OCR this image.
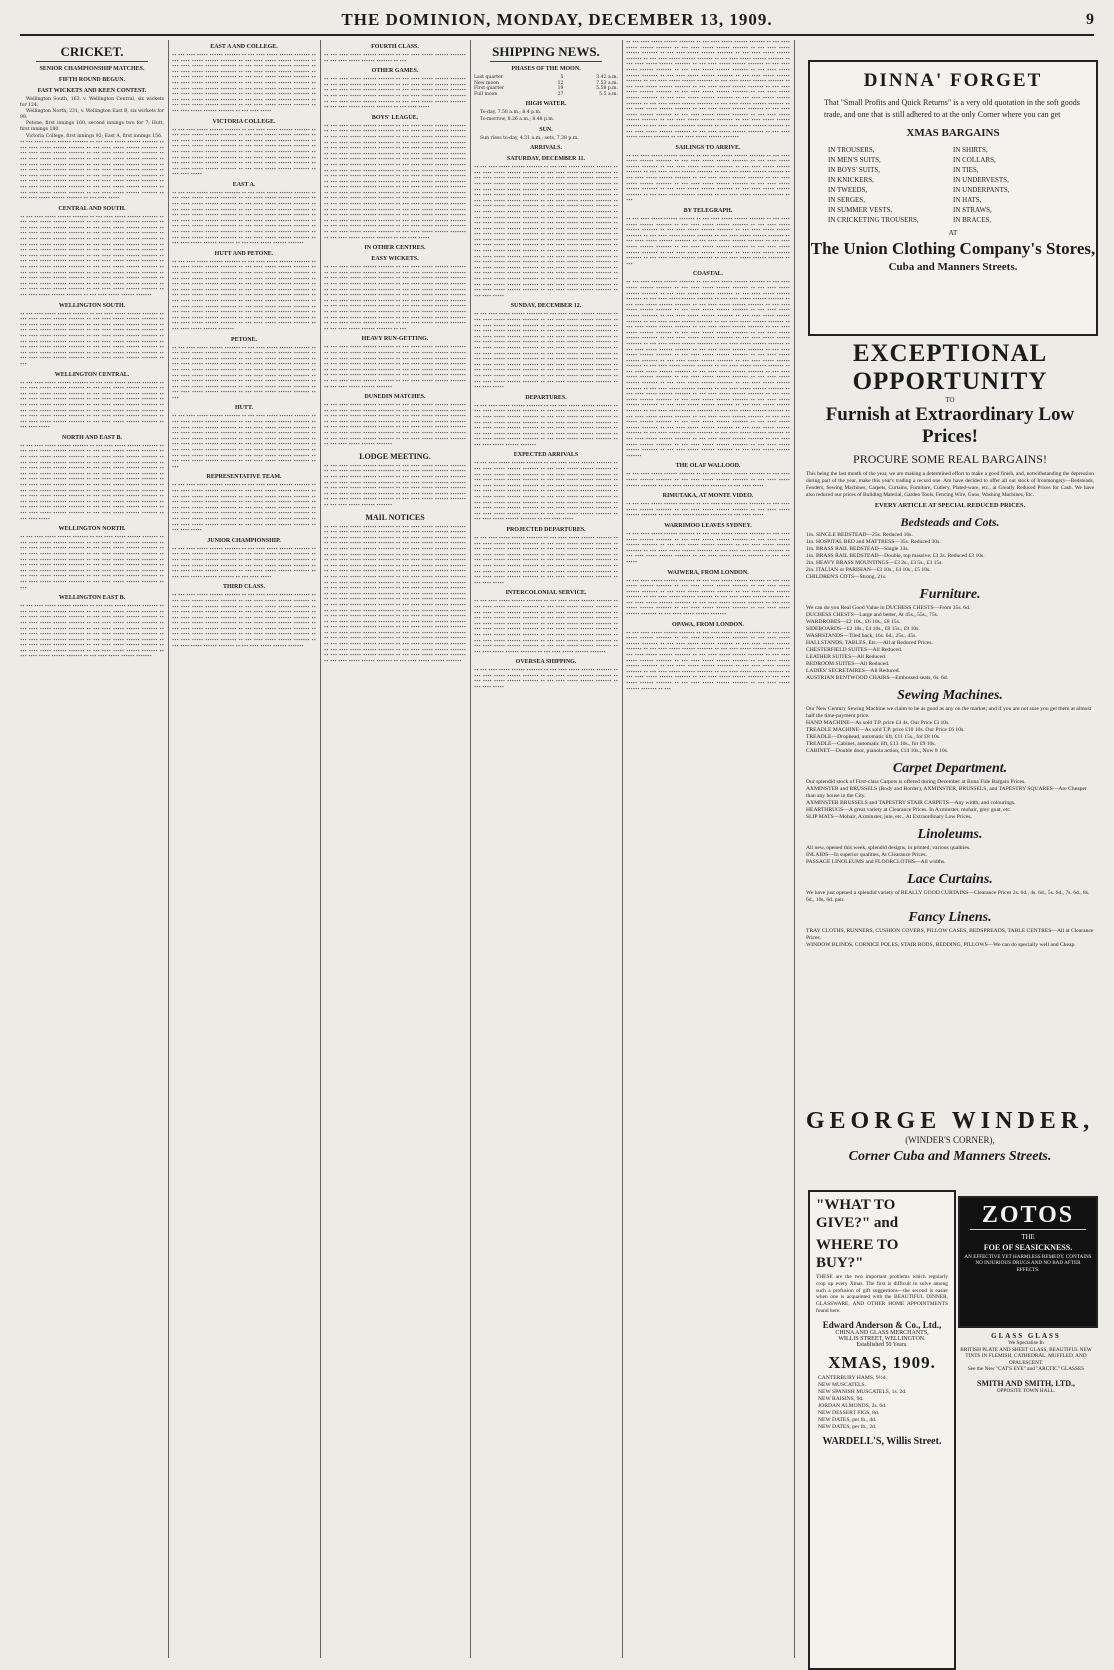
THE DOMINION, MONDAY, DECEMBER 13, 1909.	9
CRICKET.
SENIOR CHAMPIONSHIP MATCHES.
FIFTH ROUND BEGUN.
FAST WICKETS AND KEEN CONTEST.
Wellington South, 163, v. Wellington Central, six wickets for 124.
Wellington North, 231, v. Wellington East B, six wickets for 99.
Petone, first innings 160, second innings two for 7; Hutt, first innings 180.
Victoria College, first innings 92; East A, first innings 156.
∙∙ ∙∙∙ ∙∙∙∙ ∙∙∙∙∙ ∙∙∙∙∙∙ ∙∙∙∙∙∙∙ ∙∙ ∙∙∙ ∙∙∙∙ ∙∙∙∙∙ ∙∙∙∙∙∙ ∙∙∙∙∙∙∙ ∙∙ ∙∙∙ ∙∙∙∙ ∙∙∙∙∙ ∙∙∙∙∙∙ ∙∙∙∙∙∙∙ ∙∙ ∙∙∙ ∙∙∙∙ ∙∙∙∙∙ ∙∙∙∙∙∙ ∙∙∙∙∙∙∙ ∙∙ ∙∙∙ ∙∙∙∙ ∙∙∙∙∙ ∙∙∙∙∙∙ ∙∙∙∙∙∙∙ ∙∙ ∙∙∙ ∙∙∙∙ ∙∙∙∙∙ ∙∙∙∙∙∙ ∙∙∙∙∙∙∙ ∙∙ ∙∙∙ ∙∙∙∙ ∙∙∙∙∙ ∙∙∙∙∙∙ ∙∙∙∙∙∙∙ ∙∙ ∙∙∙ ∙∙∙∙ ∙∙∙∙∙ ∙∙∙∙∙∙ ∙∙∙∙∙∙∙ ∙∙ ∙∙∙ ∙∙∙∙ ∙∙∙∙∙ ∙∙∙∙∙∙ ∙∙∙∙∙∙∙ ∙∙ ∙∙∙ ∙∙∙∙ ∙∙∙∙∙ ∙∙∙∙∙∙ ∙∙∙∙∙∙∙ ∙∙ ∙∙∙ ∙∙∙∙ ∙∙∙∙∙ ∙∙∙∙∙∙ ∙∙∙∙∙∙∙ ∙∙ ∙∙∙ ∙∙∙∙ ∙∙∙∙∙ ∙∙∙∙∙∙ ∙∙∙∙∙∙∙ ∙∙ ∙∙∙ ∙∙∙∙ ∙∙∙∙∙ ∙∙∙∙∙∙ ∙∙∙∙∙∙∙ ∙∙ ∙∙∙ ∙∙∙∙ ∙∙∙∙∙ ∙∙∙∙∙∙ ∙∙∙∙∙∙∙ ∙∙ ∙∙∙ ∙∙∙∙ ∙∙∙∙∙ ∙∙∙∙∙∙ ∙∙∙∙∙∙∙ ∙∙ ∙∙∙ ∙∙∙∙ ∙∙∙∙∙ ∙∙∙∙∙∙ ∙∙∙∙∙∙∙ ∙∙ ∙∙∙ ∙∙∙∙ ∙∙∙∙∙ ∙∙∙∙∙∙ ∙∙∙∙∙∙∙ ∙∙ ∙∙∙ ∙∙∙∙ ∙∙∙∙∙ ∙∙∙∙∙∙ ∙∙∙∙∙∙∙ ∙∙ ∙∙∙ ∙∙∙∙ ∙∙∙∙∙ ∙∙∙∙∙∙ ∙∙∙∙∙∙∙ ∙∙ ∙∙∙ ∙∙∙∙ ∙∙∙∙∙ ∙∙∙∙∙∙ ∙∙∙∙∙∙∙ ∙∙ ∙∙∙ ∙∙∙∙ ∙∙∙∙∙ ∙∙∙∙∙∙ ∙∙∙∙∙∙∙ ∙∙ ∙∙∙ ∙∙∙∙ ∙∙∙∙∙
CENTRAL AND SOUTH.
∙∙ ∙∙∙ ∙∙∙∙ ∙∙∙∙∙ ∙∙∙∙∙∙ ∙∙∙∙∙∙∙ ∙∙ ∙∙∙ ∙∙∙∙ ∙∙∙∙∙ ∙∙∙∙∙∙ ∙∙∙∙∙∙∙ ∙∙ ∙∙∙ ∙∙∙∙ ∙∙∙∙∙ ∙∙∙∙∙∙ ∙∙∙∙∙∙∙ ∙∙ ∙∙∙ ∙∙∙∙ ∙∙∙∙∙ ∙∙∙∙∙∙ ∙∙∙∙∙∙∙ ∙∙ ∙∙∙ ∙∙∙∙ ∙∙∙∙∙ ∙∙∙∙∙∙ ∙∙∙∙∙∙∙ ∙∙ ∙∙∙ ∙∙∙∙ ∙∙∙∙∙ ∙∙∙∙∙∙ ∙∙∙∙∙∙∙ ∙∙ ∙∙∙ ∙∙∙∙ ∙∙∙∙∙ ∙∙∙∙∙∙ ∙∙∙∙∙∙∙ ∙∙ ∙∙∙ ∙∙∙∙ ∙∙∙∙∙ ∙∙∙∙∙∙ ∙∙∙∙∙∙∙ ∙∙ ∙∙∙ ∙∙∙∙ ∙∙∙∙∙ ∙∙∙∙∙∙ ∙∙∙∙∙∙∙ ∙∙ ∙∙∙ ∙∙∙∙ ∙∙∙∙∙ ∙∙∙∙∙∙ ∙∙∙∙∙∙∙ ∙∙ ∙∙∙ ∙∙∙∙ ∙∙∙∙∙ ∙∙∙∙∙∙ ∙∙∙∙∙∙∙ ∙∙ ∙∙∙ ∙∙∙∙ ∙∙∙∙∙ ∙∙∙∙∙∙ ∙∙∙∙∙∙∙ ∙∙ ∙∙∙ ∙∙∙∙ ∙∙∙∙∙ ∙∙∙∙∙∙ ∙∙∙∙∙∙∙ ∙∙ ∙∙∙ ∙∙∙∙ ∙∙∙∙∙ ∙∙∙∙∙∙ ∙∙∙∙∙∙∙ ∙∙ ∙∙∙ ∙∙∙∙ ∙∙∙∙∙ ∙∙∙∙∙∙ ∙∙∙∙∙∙∙ ∙∙ ∙∙∙ ∙∙∙∙ ∙∙∙∙∙ ∙∙∙∙∙∙ ∙∙∙∙∙∙∙ ∙∙ ∙∙∙ ∙∙∙∙ ∙∙∙∙∙ ∙∙∙∙∙∙ ∙∙∙∙∙∙∙ ∙∙ ∙∙∙ ∙∙∙∙ ∙∙∙∙∙ ∙∙∙∙∙∙ ∙∙∙∙∙∙∙ ∙∙ ∙∙∙ ∙∙∙∙ ∙∙∙∙∙ ∙∙∙∙∙∙ ∙∙∙∙∙∙∙ ∙∙ ∙∙∙ ∙∙∙∙ ∙∙∙∙∙ ∙∙∙∙∙∙ ∙∙∙∙∙∙∙ ∙∙ ∙∙∙ ∙∙∙∙ ∙∙∙∙∙ ∙∙∙∙∙∙ ∙∙∙∙∙∙∙ ∙∙ ∙∙∙ ∙∙∙∙ ∙∙∙∙∙ ∙∙∙∙∙∙ ∙∙∙∙∙∙∙ ∙∙ ∙∙∙ ∙∙∙∙ ∙∙∙∙∙ ∙∙∙∙∙∙ ∙∙∙∙∙∙∙ ∙∙ ∙∙∙ ∙∙∙∙ ∙∙∙∙∙ ∙∙∙∙∙∙ ∙∙∙∙∙∙∙ ∙∙ ∙∙∙ ∙∙∙∙ ∙∙∙∙∙ ∙∙∙∙∙∙ ∙∙∙∙∙∙∙ ∙∙ ∙∙∙ ∙∙∙∙ ∙∙∙∙∙ ∙∙∙∙∙∙ ∙∙∙∙∙∙∙ ∙∙ ∙∙∙ ∙∙∙∙ ∙∙∙∙∙ ∙∙∙∙∙∙ ∙∙∙∙∙∙∙ ∙∙ ∙∙∙ ∙∙∙∙ ∙∙∙∙∙ ∙∙∙∙∙∙ ∙∙∙∙∙∙∙ ∙∙ ∙∙∙ ∙∙∙∙ ∙∙∙∙∙ ∙∙∙∙∙∙ ∙∙∙∙∙∙∙ ∙∙ ∙∙∙ ∙∙∙∙ ∙∙∙∙∙ ∙∙∙∙∙∙ ∙∙∙∙∙∙∙
WELLINGTON SOUTH.
∙∙ ∙∙∙ ∙∙∙∙ ∙∙∙∙∙ ∙∙∙∙∙∙ ∙∙∙∙∙∙∙ ∙∙ ∙∙∙ ∙∙∙∙ ∙∙∙∙∙ ∙∙∙∙∙∙ ∙∙∙∙∙∙∙ ∙∙ ∙∙∙ ∙∙∙∙ ∙∙∙∙∙ ∙∙∙∙∙∙ ∙∙∙∙∙∙∙ ∙∙ ∙∙∙ ∙∙∙∙ ∙∙∙∙∙ ∙∙∙∙∙∙ ∙∙∙∙∙∙∙ ∙∙ ∙∙∙ ∙∙∙∙ ∙∙∙∙∙ ∙∙∙∙∙∙ ∙∙∙∙∙∙∙ ∙∙ ∙∙∙ ∙∙∙∙ ∙∙∙∙∙ ∙∙∙∙∙∙ ∙∙∙∙∙∙∙ ∙∙ ∙∙∙ ∙∙∙∙ ∙∙∙∙∙ ∙∙∙∙∙∙ ∙∙∙∙∙∙∙ ∙∙ ∙∙∙ ∙∙∙∙ ∙∙∙∙∙ ∙∙∙∙∙∙ ∙∙∙∙∙∙∙ ∙∙ ∙∙∙ ∙∙∙∙ ∙∙∙∙∙ ∙∙∙∙∙∙ ∙∙∙∙∙∙∙ ∙∙ ∙∙∙ ∙∙∙∙ ∙∙∙∙∙ ∙∙∙∙∙∙ ∙∙∙∙∙∙∙ ∙∙ ∙∙∙ ∙∙∙∙ ∙∙∙∙∙ ∙∙∙∙∙∙ ∙∙∙∙∙∙∙ ∙∙ ∙∙∙ ∙∙∙∙ ∙∙∙∙∙ ∙∙∙∙∙∙ ∙∙∙∙∙∙∙ ∙∙ ∙∙∙ ∙∙∙∙ ∙∙∙∙∙ ∙∙∙∙∙∙ ∙∙∙∙∙∙∙ ∙∙ ∙∙∙ ∙∙∙∙ ∙∙∙∙∙ ∙∙∙∙∙∙ ∙∙∙∙∙∙∙ ∙∙ ∙∙∙ ∙∙∙∙ ∙∙∙∙∙ ∙∙∙∙∙∙ ∙∙∙∙∙∙∙ ∙∙ ∙∙∙ ∙∙∙∙ ∙∙∙∙∙ ∙∙∙∙∙∙ ∙∙∙∙∙∙∙ ∙∙ ∙∙∙ ∙∙∙∙ ∙∙∙∙∙ ∙∙∙∙∙∙ ∙∙∙∙∙∙∙ ∙∙ ∙∙∙ ∙∙∙∙ ∙∙∙∙∙ ∙∙∙∙∙∙ ∙∙∙∙∙∙∙ ∙∙ ∙∙∙
WELLINGTON CENTRAL.
∙∙ ∙∙∙ ∙∙∙∙ ∙∙∙∙∙ ∙∙∙∙∙∙ ∙∙∙∙∙∙∙ ∙∙ ∙∙∙ ∙∙∙∙ ∙∙∙∙∙ ∙∙∙∙∙∙ ∙∙∙∙∙∙∙ ∙∙ ∙∙∙ ∙∙∙∙ ∙∙∙∙∙ ∙∙∙∙∙∙ ∙∙∙∙∙∙∙ ∙∙ ∙∙∙ ∙∙∙∙ ∙∙∙∙∙ ∙∙∙∙∙∙ ∙∙∙∙∙∙∙ ∙∙ ∙∙∙ ∙∙∙∙ ∙∙∙∙∙ ∙∙∙∙∙∙ ∙∙∙∙∙∙∙ ∙∙ ∙∙∙ ∙∙∙∙ ∙∙∙∙∙ ∙∙∙∙∙∙ ∙∙∙∙∙∙∙ ∙∙ ∙∙∙ ∙∙∙∙ ∙∙∙∙∙ ∙∙∙∙∙∙ ∙∙∙∙∙∙∙ ∙∙ ∙∙∙ ∙∙∙∙ ∙∙∙∙∙ ∙∙∙∙∙∙ ∙∙∙∙∙∙∙ ∙∙ ∙∙∙ ∙∙∙∙ ∙∙∙∙∙ ∙∙∙∙∙∙ ∙∙∙∙∙∙∙ ∙∙ ∙∙∙ ∙∙∙∙ ∙∙∙∙∙ ∙∙∙∙∙∙ ∙∙∙∙∙∙∙ ∙∙ ∙∙∙ ∙∙∙∙ ∙∙∙∙∙ ∙∙∙∙∙∙ ∙∙∙∙∙∙∙ ∙∙ ∙∙∙ ∙∙∙∙ ∙∙∙∙∙ ∙∙∙∙∙∙ ∙∙∙∙∙∙∙ ∙∙ ∙∙∙ ∙∙∙∙ ∙∙∙∙∙ ∙∙∙∙∙∙ ∙∙∙∙∙∙∙ ∙∙ ∙∙∙ ∙∙∙∙ ∙∙∙∙∙ ∙∙∙∙∙∙ ∙∙∙∙∙∙∙ ∙∙ ∙∙∙ ∙∙∙∙ ∙∙∙∙∙ ∙∙∙∙∙∙ ∙∙∙∙∙∙∙ ∙∙ ∙∙∙ ∙∙∙∙ ∙∙∙∙∙ ∙∙∙∙∙∙ ∙∙∙∙∙∙∙ ∙∙ ∙∙∙ ∙∙∙∙ ∙∙∙∙∙
NORTH AND EAST B.
∙∙ ∙∙∙ ∙∙∙∙ ∙∙∙∙∙ ∙∙∙∙∙∙ ∙∙∙∙∙∙∙ ∙∙ ∙∙∙ ∙∙∙∙ ∙∙∙∙∙ ∙∙∙∙∙∙ ∙∙∙∙∙∙∙ ∙∙ ∙∙∙ ∙∙∙∙ ∙∙∙∙∙ ∙∙∙∙∙∙ ∙∙∙∙∙∙∙ ∙∙ ∙∙∙ ∙∙∙∙ ∙∙∙∙∙ ∙∙∙∙∙∙ ∙∙∙∙∙∙∙ ∙∙ ∙∙∙ ∙∙∙∙ ∙∙∙∙∙ ∙∙∙∙∙∙ ∙∙∙∙∙∙∙ ∙∙ ∙∙∙ ∙∙∙∙ ∙∙∙∙∙ ∙∙∙∙∙∙ ∙∙∙∙∙∙∙ ∙∙ ∙∙∙ ∙∙∙∙ ∙∙∙∙∙ ∙∙∙∙∙∙ ∙∙∙∙∙∙∙ ∙∙ ∙∙∙ ∙∙∙∙ ∙∙∙∙∙ ∙∙∙∙∙∙ ∙∙∙∙∙∙∙ ∙∙ ∙∙∙ ∙∙∙∙ ∙∙∙∙∙ ∙∙∙∙∙∙ ∙∙∙∙∙∙∙ ∙∙ ∙∙∙ ∙∙∙∙ ∙∙∙∙∙ ∙∙∙∙∙∙ ∙∙∙∙∙∙∙ ∙∙ ∙∙∙ ∙∙∙∙ ∙∙∙∙∙ ∙∙∙∙∙∙ ∙∙∙∙∙∙∙ ∙∙ ∙∙∙ ∙∙∙∙ ∙∙∙∙∙ ∙∙∙∙∙∙ ∙∙∙∙∙∙∙ ∙∙ ∙∙∙ ∙∙∙∙ ∙∙∙∙∙ ∙∙∙∙∙∙ ∙∙∙∙∙∙∙ ∙∙ ∙∙∙ ∙∙∙∙ ∙∙∙∙∙ ∙∙∙∙∙∙ ∙∙∙∙∙∙∙ ∙∙ ∙∙∙ ∙∙∙∙ ∙∙∙∙∙ ∙∙∙∙∙∙ ∙∙∙∙∙∙∙ ∙∙ ∙∙∙ ∙∙∙∙ ∙∙∙∙∙ ∙∙∙∙∙∙ ∙∙∙∙∙∙∙ ∙∙ ∙∙∙ ∙∙∙∙ ∙∙∙∙∙ ∙∙∙∙∙∙ ∙∙∙∙∙∙∙ ∙∙ ∙∙∙ ∙∙∙∙ ∙∙∙∙∙ ∙∙∙∙∙∙ ∙∙∙∙∙∙∙ ∙∙ ∙∙∙ ∙∙∙∙ ∙∙∙∙∙ ∙∙∙∙∙∙ ∙∙∙∙∙∙∙ ∙∙ ∙∙∙ ∙∙∙∙ ∙∙∙∙∙ ∙∙∙∙∙∙ ∙∙∙∙∙∙∙ ∙∙ ∙∙∙ ∙∙∙∙ ∙∙∙∙∙ ∙∙∙∙∙∙ ∙∙∙∙∙∙∙ ∙∙ ∙∙∙ ∙∙∙∙ ∙∙∙∙∙ ∙∙∙∙∙∙ ∙∙∙∙∙∙∙ ∙∙ ∙∙∙ ∙∙∙∙ ∙∙∙∙∙ ∙∙∙∙∙∙ ∙∙∙∙∙∙∙ ∙∙ ∙∙∙ ∙∙∙∙ ∙∙∙∙∙ ∙∙∙∙∙∙ ∙∙∙∙∙∙∙ ∙∙ ∙∙∙ ∙∙∙∙ ∙∙∙∙∙ ∙∙∙∙∙∙ ∙∙∙∙∙∙∙ ∙∙ ∙∙∙ ∙∙∙∙ ∙∙∙∙∙ ∙∙∙∙∙∙ ∙∙∙∙∙∙∙ ∙∙ ∙∙∙ ∙∙∙∙ ∙∙∙∙∙
WELLINGTON NORTH.
∙∙ ∙∙∙ ∙∙∙∙ ∙∙∙∙∙ ∙∙∙∙∙∙ ∙∙∙∙∙∙∙ ∙∙ ∙∙∙ ∙∙∙∙ ∙∙∙∙∙ ∙∙∙∙∙∙ ∙∙∙∙∙∙∙ ∙∙ ∙∙∙ ∙∙∙∙ ∙∙∙∙∙ ∙∙∙∙∙∙ ∙∙∙∙∙∙∙ ∙∙ ∙∙∙ ∙∙∙∙ ∙∙∙∙∙ ∙∙∙∙∙∙ ∙∙∙∙∙∙∙ ∙∙ ∙∙∙ ∙∙∙∙ ∙∙∙∙∙ ∙∙∙∙∙∙ ∙∙∙∙∙∙∙ ∙∙ ∙∙∙ ∙∙∙∙ ∙∙∙∙∙ ∙∙∙∙∙∙ ∙∙∙∙∙∙∙ ∙∙ ∙∙∙ ∙∙∙∙ ∙∙∙∙∙ ∙∙∙∙∙∙ ∙∙∙∙∙∙∙ ∙∙ ∙∙∙ ∙∙∙∙ ∙∙∙∙∙ ∙∙∙∙∙∙ ∙∙∙∙∙∙∙ ∙∙ ∙∙∙ ∙∙∙∙ ∙∙∙∙∙ ∙∙∙∙∙∙ ∙∙∙∙∙∙∙ ∙∙ ∙∙∙ ∙∙∙∙ ∙∙∙∙∙ ∙∙∙∙∙∙ ∙∙∙∙∙∙∙ ∙∙ ∙∙∙ ∙∙∙∙ ∙∙∙∙∙ ∙∙∙∙∙∙ ∙∙∙∙∙∙∙ ∙∙ ∙∙∙ ∙∙∙∙ ∙∙∙∙∙ ∙∙∙∙∙∙ ∙∙∙∙∙∙∙ ∙∙ ∙∙∙ ∙∙∙∙ ∙∙∙∙∙ ∙∙∙∙∙∙ ∙∙∙∙∙∙∙ ∙∙ ∙∙∙ ∙∙∙∙ ∙∙∙∙∙ ∙∙∙∙∙∙ ∙∙∙∙∙∙∙ ∙∙ ∙∙∙ ∙∙∙∙ ∙∙∙∙∙ ∙∙∙∙∙∙ ∙∙∙∙∙∙∙ ∙∙ ∙∙∙ ∙∙∙∙ ∙∙∙∙∙ ∙∙∙∙∙∙ ∙∙∙∙∙∙∙ ∙∙ ∙∙∙ ∙∙∙∙ ∙∙∙∙∙ ∙∙∙∙∙∙ ∙∙∙∙∙∙∙ ∙∙ ∙∙∙ ∙∙∙∙ ∙∙∙∙∙ ∙∙∙∙∙∙ ∙∙∙∙∙∙∙ ∙∙ ∙∙∙
WELLINGTON EAST B.
∙∙ ∙∙∙ ∙∙∙∙ ∙∙∙∙∙ ∙∙∙∙∙∙ ∙∙∙∙∙∙∙ ∙∙ ∙∙∙ ∙∙∙∙ ∙∙∙∙∙ ∙∙∙∙∙∙ ∙∙∙∙∙∙∙ ∙∙ ∙∙∙ ∙∙∙∙ ∙∙∙∙∙ ∙∙∙∙∙∙ ∙∙∙∙∙∙∙ ∙∙ ∙∙∙ ∙∙∙∙ ∙∙∙∙∙ ∙∙∙∙∙∙ ∙∙∙∙∙∙∙ ∙∙ ∙∙∙ ∙∙∙∙ ∙∙∙∙∙ ∙∙∙∙∙∙ ∙∙∙∙∙∙∙ ∙∙ ∙∙∙ ∙∙∙∙ ∙∙∙∙∙ ∙∙∙∙∙∙ ∙∙∙∙∙∙∙ ∙∙ ∙∙∙ ∙∙∙∙ ∙∙∙∙∙ ∙∙∙∙∙∙ ∙∙∙∙∙∙∙ ∙∙ ∙∙∙ ∙∙∙∙ ∙∙∙∙∙ ∙∙∙∙∙∙ ∙∙∙∙∙∙∙ ∙∙ ∙∙∙ ∙∙∙∙ ∙∙∙∙∙ ∙∙∙∙∙∙ ∙∙∙∙∙∙∙ ∙∙ ∙∙∙ ∙∙∙∙ ∙∙∙∙∙ ∙∙∙∙∙∙ ∙∙∙∙∙∙∙ ∙∙ ∙∙∙ ∙∙∙∙ ∙∙∙∙∙ ∙∙∙∙∙∙ ∙∙∙∙∙∙∙ ∙∙ ∙∙∙ ∙∙∙∙ ∙∙∙∙∙ ∙∙∙∙∙∙ ∙∙∙∙∙∙∙ ∙∙ ∙∙∙ ∙∙∙∙ ∙∙∙∙∙ ∙∙∙∙∙∙ ∙∙∙∙∙∙∙ ∙∙ ∙∙∙ ∙∙∙∙ ∙∙∙∙∙ ∙∙∙∙∙∙ ∙∙∙∙∙∙∙ ∙∙ ∙∙∙ ∙∙∙∙ ∙∙∙∙∙ ∙∙∙∙∙∙ ∙∙∙∙∙∙∙ ∙∙ ∙∙∙ ∙∙∙∙ ∙∙∙∙∙ ∙∙∙∙∙∙ ∙∙∙∙∙∙∙ ∙∙ ∙∙∙ ∙∙∙∙ ∙∙∙∙∙ ∙∙∙∙∙∙ ∙∙∙∙∙∙∙ ∙∙ ∙∙∙ ∙∙∙∙ ∙∙∙∙∙ ∙∙∙∙∙∙ ∙∙∙∙∙∙∙ ∙∙ ∙∙∙ ∙∙∙∙ ∙∙∙∙∙ ∙∙∙∙∙∙ ∙∙∙∙∙∙∙ ∙∙ ∙∙∙ ∙∙∙∙ ∙∙∙∙∙ ∙∙∙∙∙∙ ∙∙∙∙∙∙∙
EAST A AND COLLEGE.
∙∙ ∙∙∙ ∙∙∙∙ ∙∙∙∙∙ ∙∙∙∙∙∙ ∙∙∙∙∙∙∙ ∙∙ ∙∙∙ ∙∙∙∙ ∙∙∙∙∙ ∙∙∙∙∙∙ ∙∙∙∙∙∙∙ ∙∙ ∙∙∙ ∙∙∙∙ ∙∙∙∙∙ ∙∙∙∙∙∙ ∙∙∙∙∙∙∙ ∙∙ ∙∙∙ ∙∙∙∙ ∙∙∙∙∙ ∙∙∙∙∙∙ ∙∙∙∙∙∙∙ ∙∙ ∙∙∙ ∙∙∙∙ ∙∙∙∙∙ ∙∙∙∙∙∙ ∙∙∙∙∙∙∙ ∙∙ ∙∙∙ ∙∙∙∙ ∙∙∙∙∙ ∙∙∙∙∙∙ ∙∙∙∙∙∙∙ ∙∙ ∙∙∙ ∙∙∙∙ ∙∙∙∙∙ ∙∙∙∙∙∙ ∙∙∙∙∙∙∙ ∙∙ ∙∙∙ ∙∙∙∙ ∙∙∙∙∙ ∙∙∙∙∙∙ ∙∙∙∙∙∙∙ ∙∙ ∙∙∙ ∙∙∙∙ ∙∙∙∙∙ ∙∙∙∙∙∙ ∙∙∙∙∙∙∙ ∙∙ ∙∙∙ ∙∙∙∙ ∙∙∙∙∙ ∙∙∙∙∙∙ ∙∙∙∙∙∙∙ ∙∙ ∙∙∙ ∙∙∙∙ ∙∙∙∙∙ ∙∙∙∙∙∙ ∙∙∙∙∙∙∙ ∙∙ ∙∙∙ ∙∙∙∙ ∙∙∙∙∙ ∙∙∙∙∙∙ ∙∙∙∙∙∙∙ ∙∙ ∙∙∙ ∙∙∙∙ ∙∙∙∙∙ ∙∙∙∙∙∙ ∙∙∙∙∙∙∙ ∙∙ ∙∙∙ ∙∙∙∙ ∙∙∙∙∙ ∙∙∙∙∙∙ ∙∙∙∙∙∙∙ ∙∙ ∙∙∙ ∙∙∙∙ ∙∙∙∙∙ ∙∙∙∙∙∙ ∙∙∙∙∙∙∙ ∙∙ ∙∙∙ ∙∙∙∙ ∙∙∙∙∙ ∙∙∙∙∙∙ ∙∙∙∙∙∙∙ ∙∙ ∙∙∙ ∙∙∙∙ ∙∙∙∙∙ ∙∙∙∙∙∙ ∙∙∙∙∙∙∙ ∙∙ ∙∙∙ ∙∙∙∙ ∙∙∙∙∙ ∙∙∙∙∙∙ ∙∙∙∙∙∙∙ ∙∙ ∙∙∙ ∙∙∙∙ ∙∙∙∙∙ ∙∙∙∙∙∙ ∙∙∙∙∙∙∙ ∙∙ ∙∙∙ ∙∙∙∙ ∙∙∙∙∙ ∙∙∙∙∙∙ ∙∙∙∙∙∙∙ ∙∙ ∙∙∙ ∙∙∙∙ ∙∙∙∙∙ ∙∙∙∙∙∙ ∙∙∙∙∙∙∙ ∙∙ ∙∙∙ ∙∙∙∙ ∙∙∙∙∙
VICTORIA COLLEGE.
∙∙ ∙∙∙ ∙∙∙∙ ∙∙∙∙∙ ∙∙∙∙∙∙ ∙∙∙∙∙∙∙ ∙∙ ∙∙∙ ∙∙∙∙ ∙∙∙∙∙ ∙∙∙∙∙∙ ∙∙∙∙∙∙∙ ∙∙ ∙∙∙ ∙∙∙∙ ∙∙∙∙∙ ∙∙∙∙∙∙ ∙∙∙∙∙∙∙ ∙∙ ∙∙∙ ∙∙∙∙ ∙∙∙∙∙ ∙∙∙∙∙∙ ∙∙∙∙∙∙∙ ∙∙ ∙∙∙ ∙∙∙∙ ∙∙∙∙∙ ∙∙∙∙∙∙ ∙∙∙∙∙∙∙ ∙∙ ∙∙∙ ∙∙∙∙ ∙∙∙∙∙ ∙∙∙∙∙∙ ∙∙∙∙∙∙∙ ∙∙ ∙∙∙ ∙∙∙∙ ∙∙∙∙∙ ∙∙∙∙∙∙ ∙∙∙∙∙∙∙ ∙∙ ∙∙∙ ∙∙∙∙ ∙∙∙∙∙ ∙∙∙∙∙∙ ∙∙∙∙∙∙∙ ∙∙ ∙∙∙ ∙∙∙∙ ∙∙∙∙∙ ∙∙∙∙∙∙ ∙∙∙∙∙∙∙ ∙∙ ∙∙∙ ∙∙∙∙ ∙∙∙∙∙ ∙∙∙∙∙∙ ∙∙∙∙∙∙∙ ∙∙ ∙∙∙ ∙∙∙∙ ∙∙∙∙∙ ∙∙∙∙∙∙ ∙∙∙∙∙∙∙ ∙∙ ∙∙∙ ∙∙∙∙ ∙∙∙∙∙ ∙∙∙∙∙∙ ∙∙∙∙∙∙∙ ∙∙ ∙∙∙ ∙∙∙∙ ∙∙∙∙∙ ∙∙∙∙∙∙ ∙∙∙∙∙∙∙ ∙∙ ∙∙∙ ∙∙∙∙ ∙∙∙∙∙ ∙∙∙∙∙∙ ∙∙∙∙∙∙∙ ∙∙ ∙∙∙ ∙∙∙∙ ∙∙∙∙∙ ∙∙∙∙∙∙ ∙∙∙∙∙∙∙ ∙∙ ∙∙∙ ∙∙∙∙ ∙∙∙∙∙ ∙∙∙∙∙∙ ∙∙∙∙∙∙∙ ∙∙ ∙∙∙ ∙∙∙∙ ∙∙∙∙∙
EAST A.
∙∙ ∙∙∙ ∙∙∙∙ ∙∙∙∙∙ ∙∙∙∙∙∙ ∙∙∙∙∙∙∙ ∙∙ ∙∙∙ ∙∙∙∙ ∙∙∙∙∙ ∙∙∙∙∙∙ ∙∙∙∙∙∙∙ ∙∙ ∙∙∙ ∙∙∙∙ ∙∙∙∙∙ ∙∙∙∙∙∙ ∙∙∙∙∙∙∙ ∙∙ ∙∙∙ ∙∙∙∙ ∙∙∙∙∙ ∙∙∙∙∙∙ ∙∙∙∙∙∙∙ ∙∙ ∙∙∙ ∙∙∙∙ ∙∙∙∙∙ ∙∙∙∙∙∙ ∙∙∙∙∙∙∙ ∙∙ ∙∙∙ ∙∙∙∙ ∙∙∙∙∙ ∙∙∙∙∙∙ ∙∙∙∙∙∙∙ ∙∙ ∙∙∙ ∙∙∙∙ ∙∙∙∙∙ ∙∙∙∙∙∙ ∙∙∙∙∙∙∙ ∙∙ ∙∙∙ ∙∙∙∙ ∙∙∙∙∙ ∙∙∙∙∙∙ ∙∙∙∙∙∙∙ ∙∙ ∙∙∙ ∙∙∙∙ ∙∙∙∙∙ ∙∙∙∙∙∙ ∙∙∙∙∙∙∙ ∙∙ ∙∙∙ ∙∙∙∙ ∙∙∙∙∙ ∙∙∙∙∙∙ ∙∙∙∙∙∙∙ ∙∙ ∙∙∙ ∙∙∙∙ ∙∙∙∙∙ ∙∙∙∙∙∙ ∙∙∙∙∙∙∙ ∙∙ ∙∙∙ ∙∙∙∙ ∙∙∙∙∙ ∙∙∙∙∙∙ ∙∙∙∙∙∙∙ ∙∙ ∙∙∙ ∙∙∙∙ ∙∙∙∙∙ ∙∙∙∙∙∙ ∙∙∙∙∙∙∙ ∙∙ ∙∙∙ ∙∙∙∙ ∙∙∙∙∙ ∙∙∙∙∙∙ ∙∙∙∙∙∙∙ ∙∙ ∙∙∙ ∙∙∙∙ ∙∙∙∙∙ ∙∙∙∙∙∙ ∙∙∙∙∙∙∙ ∙∙ ∙∙∙ ∙∙∙∙ ∙∙∙∙∙ ∙∙∙∙∙∙ ∙∙∙∙∙∙∙ ∙∙ ∙∙∙ ∙∙∙∙ ∙∙∙∙∙ ∙∙∙∙∙∙ ∙∙∙∙∙∙∙ ∙∙ ∙∙∙ ∙∙∙∙ ∙∙∙∙∙ ∙∙∙∙∙∙ ∙∙∙∙∙∙∙ ∙∙ ∙∙∙ ∙∙∙∙ ∙∙∙∙∙ ∙∙∙∙∙∙ ∙∙∙∙∙∙∙ ∙∙ ∙∙∙ ∙∙∙∙ ∙∙∙∙∙ ∙∙∙∙∙∙ ∙∙∙∙∙∙∙
HUTT AND PETONE.
∙∙ ∙∙∙ ∙∙∙∙ ∙∙∙∙∙ ∙∙∙∙∙∙ ∙∙∙∙∙∙∙ ∙∙ ∙∙∙ ∙∙∙∙ ∙∙∙∙∙ ∙∙∙∙∙∙ ∙∙∙∙∙∙∙ ∙∙ ∙∙∙ ∙∙∙∙ ∙∙∙∙∙ ∙∙∙∙∙∙ ∙∙∙∙∙∙∙ ∙∙ ∙∙∙ ∙∙∙∙ ∙∙∙∙∙ ∙∙∙∙∙∙ ∙∙∙∙∙∙∙ ∙∙ ∙∙∙ ∙∙∙∙ ∙∙∙∙∙ ∙∙∙∙∙∙ ∙∙∙∙∙∙∙ ∙∙ ∙∙∙ ∙∙∙∙ ∙∙∙∙∙ ∙∙∙∙∙∙ ∙∙∙∙∙∙∙ ∙∙ ∙∙∙ ∙∙∙∙ ∙∙∙∙∙ ∙∙∙∙∙∙ ∙∙∙∙∙∙∙ ∙∙ ∙∙∙ ∙∙∙∙ ∙∙∙∙∙ ∙∙∙∙∙∙ ∙∙∙∙∙∙∙ ∙∙ ∙∙∙ ∙∙∙∙ ∙∙∙∙∙ ∙∙∙∙∙∙ ∙∙∙∙∙∙∙ ∙∙ ∙∙∙ ∙∙∙∙ ∙∙∙∙∙ ∙∙∙∙∙∙ ∙∙∙∙∙∙∙ ∙∙ ∙∙∙ ∙∙∙∙ ∙∙∙∙∙ ∙∙∙∙∙∙ ∙∙∙∙∙∙∙ ∙∙ ∙∙∙ ∙∙∙∙ ∙∙∙∙∙ ∙∙∙∙∙∙ ∙∙∙∙∙∙∙ ∙∙ ∙∙∙ ∙∙∙∙ ∙∙∙∙∙ ∙∙∙∙∙∙ ∙∙∙∙∙∙∙ ∙∙ ∙∙∙ ∙∙∙∙ ∙∙∙∙∙ ∙∙∙∙∙∙ ∙∙∙∙∙∙∙ ∙∙ ∙∙∙ ∙∙∙∙ ∙∙∙∙∙ ∙∙∙∙∙∙ ∙∙∙∙∙∙∙ ∙∙ ∙∙∙ ∙∙∙∙ ∙∙∙∙∙ ∙∙∙∙∙∙ ∙∙∙∙∙∙∙ ∙∙ ∙∙∙ ∙∙∙∙ ∙∙∙∙∙ ∙∙∙∙∙∙ ∙∙∙∙∙∙∙ ∙∙ ∙∙∙ ∙∙∙∙ ∙∙∙∙∙ ∙∙∙∙∙∙ ∙∙∙∙∙∙∙ ∙∙ ∙∙∙ ∙∙∙∙ ∙∙∙∙∙ ∙∙∙∙∙∙ ∙∙∙∙∙∙∙ ∙∙ ∙∙∙ ∙∙∙∙ ∙∙∙∙∙ ∙∙∙∙∙∙ ∙∙∙∙∙∙∙ ∙∙ ∙∙∙ ∙∙∙∙ ∙∙∙∙∙ ∙∙∙∙∙∙ ∙∙∙∙∙∙∙ ∙∙ ∙∙∙ ∙∙∙∙ ∙∙∙∙∙ ∙∙∙∙∙∙ ∙∙∙∙∙∙∙ ∙∙ ∙∙∙ ∙∙∙∙ ∙∙∙∙∙ ∙∙∙∙∙∙ ∙∙∙∙∙∙∙ ∙∙ ∙∙∙ ∙∙∙∙ ∙∙∙∙∙ ∙∙∙∙∙∙ ∙∙∙∙∙∙∙ ∙∙ ∙∙∙ ∙∙∙∙ ∙∙∙∙∙ ∙∙∙∙∙∙ ∙∙∙∙∙∙∙
PETONE.
∙∙ ∙∙∙ ∙∙∙∙ ∙∙∙∙∙ ∙∙∙∙∙∙ ∙∙∙∙∙∙∙ ∙∙ ∙∙∙ ∙∙∙∙ ∙∙∙∙∙ ∙∙∙∙∙∙ ∙∙∙∙∙∙∙ ∙∙ ∙∙∙ ∙∙∙∙ ∙∙∙∙∙ ∙∙∙∙∙∙ ∙∙∙∙∙∙∙ ∙∙ ∙∙∙ ∙∙∙∙ ∙∙∙∙∙ ∙∙∙∙∙∙ ∙∙∙∙∙∙∙ ∙∙ ∙∙∙ ∙∙∙∙ ∙∙∙∙∙ ∙∙∙∙∙∙ ∙∙∙∙∙∙∙ ∙∙ ∙∙∙ ∙∙∙∙ ∙∙∙∙∙ ∙∙∙∙∙∙ ∙∙∙∙∙∙∙ ∙∙ ∙∙∙ ∙∙∙∙ ∙∙∙∙∙ ∙∙∙∙∙∙ ∙∙∙∙∙∙∙ ∙∙ ∙∙∙ ∙∙∙∙ ∙∙∙∙∙ ∙∙∙∙∙∙ ∙∙∙∙∙∙∙ ∙∙ ∙∙∙ ∙∙∙∙ ∙∙∙∙∙ ∙∙∙∙∙∙ ∙∙∙∙∙∙∙ ∙∙ ∙∙∙ ∙∙∙∙ ∙∙∙∙∙ ∙∙∙∙∙∙ ∙∙∙∙∙∙∙ ∙∙ ∙∙∙ ∙∙∙∙ ∙∙∙∙∙ ∙∙∙∙∙∙ ∙∙∙∙∙∙∙ ∙∙ ∙∙∙ ∙∙∙∙ ∙∙∙∙∙ ∙∙∙∙∙∙ ∙∙∙∙∙∙∙ ∙∙ ∙∙∙ ∙∙∙∙ ∙∙∙∙∙ ∙∙∙∙∙∙ ∙∙∙∙∙∙∙ ∙∙ ∙∙∙ ∙∙∙∙ ∙∙∙∙∙ ∙∙∙∙∙∙ ∙∙∙∙∙∙∙ ∙∙ ∙∙∙ ∙∙∙∙ ∙∙∙∙∙ ∙∙∙∙∙∙ ∙∙∙∙∙∙∙ ∙∙ ∙∙∙ ∙∙∙∙ ∙∙∙∙∙ ∙∙∙∙∙∙ ∙∙∙∙∙∙∙ ∙∙ ∙∙∙ ∙∙∙∙ ∙∙∙∙∙ ∙∙∙∙∙∙ ∙∙∙∙∙∙∙ ∙∙ ∙∙∙ ∙∙∙∙ ∙∙∙∙∙ ∙∙∙∙∙∙ ∙∙∙∙∙∙∙ ∙∙ ∙∙∙
HUTT.
∙∙ ∙∙∙ ∙∙∙∙ ∙∙∙∙∙ ∙∙∙∙∙∙ ∙∙∙∙∙∙∙ ∙∙ ∙∙∙ ∙∙∙∙ ∙∙∙∙∙ ∙∙∙∙∙∙ ∙∙∙∙∙∙∙ ∙∙ ∙∙∙ ∙∙∙∙ ∙∙∙∙∙ ∙∙∙∙∙∙ ∙∙∙∙∙∙∙ ∙∙ ∙∙∙ ∙∙∙∙ ∙∙∙∙∙ ∙∙∙∙∙∙ ∙∙∙∙∙∙∙ ∙∙ ∙∙∙ ∙∙∙∙ ∙∙∙∙∙ ∙∙∙∙∙∙ ∙∙∙∙∙∙∙ ∙∙ ∙∙∙ ∙∙∙∙ ∙∙∙∙∙ ∙∙∙∙∙∙ ∙∙∙∙∙∙∙ ∙∙ ∙∙∙ ∙∙∙∙ ∙∙∙∙∙ ∙∙∙∙∙∙ ∙∙∙∙∙∙∙ ∙∙ ∙∙∙ ∙∙∙∙ ∙∙∙∙∙ ∙∙∙∙∙∙ ∙∙∙∙∙∙∙ ∙∙ ∙∙∙ ∙∙∙∙ ∙∙∙∙∙ ∙∙∙∙∙∙ ∙∙∙∙∙∙∙ ∙∙ ∙∙∙ ∙∙∙∙ ∙∙∙∙∙ ∙∙∙∙∙∙ ∙∙∙∙∙∙∙ ∙∙ ∙∙∙ ∙∙∙∙ ∙∙∙∙∙ ∙∙∙∙∙∙ ∙∙∙∙∙∙∙ ∙∙ ∙∙∙ ∙∙∙∙ ∙∙∙∙∙ ∙∙∙∙∙∙ ∙∙∙∙∙∙∙ ∙∙ ∙∙∙ ∙∙∙∙ ∙∙∙∙∙ ∙∙∙∙∙∙ ∙∙∙∙∙∙∙ ∙∙ ∙∙∙ ∙∙∙∙ ∙∙∙∙∙ ∙∙∙∙∙∙ ∙∙∙∙∙∙∙ ∙∙ ∙∙∙ ∙∙∙∙ ∙∙∙∙∙ ∙∙∙∙∙∙ ∙∙∙∙∙∙∙ ∙∙ ∙∙∙ ∙∙∙∙ ∙∙∙∙∙ ∙∙∙∙∙∙ ∙∙∙∙∙∙∙ ∙∙ ∙∙∙ ∙∙∙∙ ∙∙∙∙∙ ∙∙∙∙∙∙ ∙∙∙∙∙∙∙ ∙∙ ∙∙∙ ∙∙∙∙ ∙∙∙∙∙ ∙∙∙∙∙∙ ∙∙∙∙∙∙∙ ∙∙ ∙∙∙
REPRESENTATIVE TEAM.
∙∙ ∙∙∙ ∙∙∙∙ ∙∙∙∙∙ ∙∙∙∙∙∙ ∙∙∙∙∙∙∙ ∙∙ ∙∙∙ ∙∙∙∙ ∙∙∙∙∙ ∙∙∙∙∙∙ ∙∙∙∙∙∙∙ ∙∙ ∙∙∙ ∙∙∙∙ ∙∙∙∙∙ ∙∙∙∙∙∙ ∙∙∙∙∙∙∙ ∙∙ ∙∙∙ ∙∙∙∙ ∙∙∙∙∙ ∙∙∙∙∙∙ ∙∙∙∙∙∙∙ ∙∙ ∙∙∙ ∙∙∙∙ ∙∙∙∙∙ ∙∙∙∙∙∙ ∙∙∙∙∙∙∙ ∙∙ ∙∙∙ ∙∙∙∙ ∙∙∙∙∙ ∙∙∙∙∙∙ ∙∙∙∙∙∙∙ ∙∙ ∙∙∙ ∙∙∙∙ ∙∙∙∙∙ ∙∙∙∙∙∙ ∙∙∙∙∙∙∙ ∙∙ ∙∙∙ ∙∙∙∙ ∙∙∙∙∙ ∙∙∙∙∙∙ ∙∙∙∙∙∙∙ ∙∙ ∙∙∙ ∙∙∙∙ ∙∙∙∙∙ ∙∙∙∙∙∙ ∙∙∙∙∙∙∙ ∙∙ ∙∙∙ ∙∙∙∙ ∙∙∙∙∙ ∙∙∙∙∙∙ ∙∙∙∙∙∙∙ ∙∙ ∙∙∙ ∙∙∙∙ ∙∙∙∙∙ ∙∙∙∙∙∙ ∙∙∙∙∙∙∙ ∙∙ ∙∙∙ ∙∙∙∙ ∙∙∙∙∙ ∙∙∙∙∙∙ ∙∙∙∙∙∙∙ ∙∙ ∙∙∙ ∙∙∙∙ ∙∙∙∙∙ ∙∙∙∙∙∙ ∙∙∙∙∙∙∙ ∙∙ ∙∙∙ ∙∙∙∙ ∙∙∙∙∙ ∙∙∙∙∙∙ ∙∙∙∙∙∙∙ ∙∙ ∙∙∙ ∙∙∙∙ ∙∙∙∙∙ ∙∙∙∙∙∙ ∙∙∙∙∙∙∙ ∙∙ ∙∙∙ ∙∙∙∙ ∙∙∙∙∙ ∙∙∙∙∙∙ ∙∙∙∙∙∙∙ ∙∙ ∙∙∙ ∙∙∙∙ ∙∙∙∙∙
JUNIOR CHAMPIONSHIP.
∙∙ ∙∙∙ ∙∙∙∙ ∙∙∙∙∙ ∙∙∙∙∙∙ ∙∙∙∙∙∙∙ ∙∙ ∙∙∙ ∙∙∙∙ ∙∙∙∙∙ ∙∙∙∙∙∙ ∙∙∙∙∙∙∙ ∙∙ ∙∙∙ ∙∙∙∙ ∙∙∙∙∙ ∙∙∙∙∙∙ ∙∙∙∙∙∙∙ ∙∙ ∙∙∙ ∙∙∙∙ ∙∙∙∙∙ ∙∙∙∙∙∙ ∙∙∙∙∙∙∙ ∙∙ ∙∙∙ ∙∙∙∙ ∙∙∙∙∙ ∙∙∙∙∙∙ ∙∙∙∙∙∙∙ ∙∙ ∙∙∙ ∙∙∙∙ ∙∙∙∙∙ ∙∙∙∙∙∙ ∙∙∙∙∙∙∙ ∙∙ ∙∙∙ ∙∙∙∙ ∙∙∙∙∙ ∙∙∙∙∙∙ ∙∙∙∙∙∙∙ ∙∙ ∙∙∙ ∙∙∙∙ ∙∙∙∙∙ ∙∙∙∙∙∙ ∙∙∙∙∙∙∙ ∙∙ ∙∙∙ ∙∙∙∙ ∙∙∙∙∙ ∙∙∙∙∙∙ ∙∙∙∙∙∙∙ ∙∙ ∙∙∙ ∙∙∙∙ ∙∙∙∙∙ ∙∙∙∙∙∙ ∙∙∙∙∙∙∙ ∙∙ ∙∙∙ ∙∙∙∙ ∙∙∙∙∙ ∙∙∙∙∙∙ ∙∙∙∙∙∙∙ ∙∙ ∙∙∙ ∙∙∙∙ ∙∙∙∙∙
THIRD CLASS.
∙∙ ∙∙∙ ∙∙∙∙ ∙∙∙∙∙ ∙∙∙∙∙∙ ∙∙∙∙∙∙∙ ∙∙ ∙∙∙ ∙∙∙∙ ∙∙∙∙∙ ∙∙∙∙∙∙ ∙∙∙∙∙∙∙ ∙∙ ∙∙∙ ∙∙∙∙ ∙∙∙∙∙ ∙∙∙∙∙∙ ∙∙∙∙∙∙∙ ∙∙ ∙∙∙ ∙∙∙∙ ∙∙∙∙∙ ∙∙∙∙∙∙ ∙∙∙∙∙∙∙ ∙∙ ∙∙∙ ∙∙∙∙ ∙∙∙∙∙ ∙∙∙∙∙∙ ∙∙∙∙∙∙∙ ∙∙ ∙∙∙ ∙∙∙∙ ∙∙∙∙∙ ∙∙∙∙∙∙ ∙∙∙∙∙∙∙ ∙∙ ∙∙∙ ∙∙∙∙ ∙∙∙∙∙ ∙∙∙∙∙∙ ∙∙∙∙∙∙∙ ∙∙ ∙∙∙ ∙∙∙∙ ∙∙∙∙∙ ∙∙∙∙∙∙ ∙∙∙∙∙∙∙ ∙∙ ∙∙∙ ∙∙∙∙ ∙∙∙∙∙ ∙∙∙∙∙∙ ∙∙∙∙∙∙∙ ∙∙ ∙∙∙ ∙∙∙∙ ∙∙∙∙∙ ∙∙∙∙∙∙ ∙∙∙∙∙∙∙ ∙∙ ∙∙∙ ∙∙∙∙ ∙∙∙∙∙ ∙∙∙∙∙∙ ∙∙∙∙∙∙∙ ∙∙ ∙∙∙ ∙∙∙∙ ∙∙∙∙∙ ∙∙∙∙∙∙ ∙∙∙∙∙∙∙ ∙∙ ∙∙∙ ∙∙∙∙ ∙∙∙∙∙ ∙∙∙∙∙∙ ∙∙∙∙∙∙∙ ∙∙ ∙∙∙ ∙∙∙∙ ∙∙∙∙∙ ∙∙∙∙∙∙ ∙∙∙∙∙∙∙ ∙∙ ∙∙∙ ∙∙∙∙ ∙∙∙∙∙ ∙∙∙∙∙∙ ∙∙∙∙∙∙∙ ∙∙ ∙∙∙ ∙∙∙∙ ∙∙∙∙∙ ∙∙∙∙∙∙ ∙∙∙∙∙∙∙ ∙∙ ∙∙∙ ∙∙∙∙ ∙∙∙∙∙ ∙∙∙∙∙∙ ∙∙∙∙∙∙∙ ∙∙ ∙∙∙ ∙∙∙∙ ∙∙∙∙∙ ∙∙∙∙∙∙ ∙∙∙∙∙∙∙ ∙∙ ∙∙∙ ∙∙∙∙ ∙∙∙∙∙ ∙∙∙∙∙∙ ∙∙∙∙∙∙∙ ∙∙ ∙∙∙ ∙∙∙∙ ∙∙∙∙∙ ∙∙∙∙∙∙ ∙∙∙∙∙∙∙
FOURTH CLASS.
∙∙ ∙∙∙ ∙∙∙∙ ∙∙∙∙∙ ∙∙∙∙∙∙ ∙∙∙∙∙∙∙ ∙∙ ∙∙∙ ∙∙∙∙ ∙∙∙∙∙ ∙∙∙∙∙∙ ∙∙∙∙∙∙∙ ∙∙ ∙∙∙ ∙∙∙∙ ∙∙∙∙∙ ∙∙∙∙∙∙ ∙∙∙∙∙∙∙ ∙∙ ∙∙∙
OTHER GAMES.
∙∙ ∙∙∙ ∙∙∙∙ ∙∙∙∙∙ ∙∙∙∙∙∙ ∙∙∙∙∙∙∙ ∙∙ ∙∙∙ ∙∙∙∙ ∙∙∙∙∙ ∙∙∙∙∙∙ ∙∙∙∙∙∙∙ ∙∙ ∙∙∙ ∙∙∙∙ ∙∙∙∙∙ ∙∙∙∙∙∙ ∙∙∙∙∙∙∙ ∙∙ ∙∙∙ ∙∙∙∙ ∙∙∙∙∙ ∙∙∙∙∙∙ ∙∙∙∙∙∙∙ ∙∙ ∙∙∙ ∙∙∙∙ ∙∙∙∙∙ ∙∙∙∙∙∙ ∙∙∙∙∙∙∙ ∙∙ ∙∙∙ ∙∙∙∙ ∙∙∙∙∙ ∙∙∙∙∙∙ ∙∙∙∙∙∙∙ ∙∙ ∙∙∙ ∙∙∙∙ ∙∙∙∙∙ ∙∙∙∙∙∙ ∙∙∙∙∙∙∙ ∙∙ ∙∙∙ ∙∙∙∙ ∙∙∙∙∙ ∙∙∙∙∙∙ ∙∙∙∙∙∙∙ ∙∙ ∙∙∙ ∙∙∙∙ ∙∙∙∙∙ ∙∙∙∙∙∙ ∙∙∙∙∙∙∙ ∙∙ ∙∙∙ ∙∙∙∙ ∙∙∙∙∙ ∙∙∙∙∙∙ ∙∙∙∙∙∙∙ ∙∙ ∙∙∙ ∙∙∙∙ ∙∙∙∙∙ ∙∙∙∙∙∙ ∙∙∙∙∙∙∙ ∙∙ ∙∙∙ ∙∙∙∙ ∙∙∙∙∙
BOYS' LEAGUE.
∙∙ ∙∙∙ ∙∙∙∙ ∙∙∙∙∙ ∙∙∙∙∙∙ ∙∙∙∙∙∙∙ ∙∙ ∙∙∙ ∙∙∙∙ ∙∙∙∙∙ ∙∙∙∙∙∙ ∙∙∙∙∙∙∙ ∙∙ ∙∙∙ ∙∙∙∙ ∙∙∙∙∙ ∙∙∙∙∙∙ ∙∙∙∙∙∙∙ ∙∙ ∙∙∙ ∙∙∙∙ ∙∙∙∙∙ ∙∙∙∙∙∙ ∙∙∙∙∙∙∙ ∙∙ ∙∙∙ ∙∙∙∙ ∙∙∙∙∙ ∙∙∙∙∙∙ ∙∙∙∙∙∙∙ ∙∙ ∙∙∙ ∙∙∙∙ ∙∙∙∙∙ ∙∙∙∙∙∙ ∙∙∙∙∙∙∙ ∙∙ ∙∙∙ ∙∙∙∙ ∙∙∙∙∙ ∙∙∙∙∙∙ ∙∙∙∙∙∙∙ ∙∙ ∙∙∙ ∙∙∙∙ ∙∙∙∙∙ ∙∙∙∙∙∙ ∙∙∙∙∙∙∙ ∙∙ ∙∙∙ ∙∙∙∙ ∙∙∙∙∙ ∙∙∙∙∙∙ ∙∙∙∙∙∙∙ ∙∙ ∙∙∙ ∙∙∙∙ ∙∙∙∙∙ ∙∙∙∙∙∙ ∙∙∙∙∙∙∙ ∙∙ ∙∙∙ ∙∙∙∙ ∙∙∙∙∙ ∙∙∙∙∙∙ ∙∙∙∙∙∙∙ ∙∙ ∙∙∙ ∙∙∙∙ ∙∙∙∙∙ ∙∙∙∙∙∙ ∙∙∙∙∙∙∙ ∙∙ ∙∙∙ ∙∙∙∙ ∙∙∙∙∙ ∙∙∙∙∙∙ ∙∙∙∙∙∙∙ ∙∙ ∙∙∙ ∙∙∙∙ ∙∙∙∙∙ ∙∙∙∙∙∙ ∙∙∙∙∙∙∙ ∙∙ ∙∙∙ ∙∙∙∙ ∙∙∙∙∙ ∙∙∙∙∙∙ ∙∙∙∙∙∙∙ ∙∙ ∙∙∙ ∙∙∙∙ ∙∙∙∙∙ ∙∙∙∙∙∙ ∙∙∙∙∙∙∙ ∙∙ ∙∙∙ ∙∙∙∙ ∙∙∙∙∙ ∙∙∙∙∙∙ ∙∙∙∙∙∙∙ ∙∙ ∙∙∙ ∙∙∙∙ ∙∙∙∙∙ ∙∙∙∙∙∙ ∙∙∙∙∙∙∙ ∙∙ ∙∙∙ ∙∙∙∙ ∙∙∙∙∙ ∙∙∙∙∙∙ ∙∙∙∙∙∙∙ ∙∙ ∙∙∙ ∙∙∙∙ ∙∙∙∙∙ ∙∙∙∙∙∙ ∙∙∙∙∙∙∙ ∙∙ ∙∙∙ ∙∙∙∙ ∙∙∙∙∙ ∙∙∙∙∙∙ ∙∙∙∙∙∙∙ ∙∙ ∙∙∙ ∙∙∙∙ ∙∙∙∙∙ ∙∙∙∙∙∙ ∙∙∙∙∙∙∙ ∙∙ ∙∙∙ ∙∙∙∙ ∙∙∙∙∙ ∙∙∙∙∙∙ ∙∙∙∙∙∙∙ ∙∙ ∙∙∙ ∙∙∙∙ ∙∙∙∙∙ ∙∙∙∙∙∙ ∙∙∙∙∙∙∙ ∙∙ ∙∙∙ ∙∙∙∙ ∙∙∙∙∙ ∙∙∙∙∙∙ ∙∙∙∙∙∙∙ ∙∙ ∙∙∙ ∙∙∙∙ ∙∙∙∙∙ ∙∙∙∙∙∙ ∙∙∙∙∙∙∙ ∙∙ ∙∙∙ ∙∙∙∙ ∙∙∙∙∙ ∙∙∙∙∙∙ ∙∙∙∙∙∙∙ ∙∙ ∙∙∙ ∙∙∙∙ ∙∙∙∙∙ ∙∙∙∙∙∙ ∙∙∙∙∙∙∙ ∙∙ ∙∙∙ ∙∙∙∙ ∙∙∙∙∙ ∙∙∙∙∙∙ ∙∙∙∙∙∙∙ ∙∙ ∙∙∙ ∙∙∙∙ ∙∙∙∙∙ ∙∙∙∙∙∙ ∙∙∙∙∙∙∙ ∙∙ ∙∙∙ ∙∙∙∙ ∙∙∙∙∙ ∙∙∙∙∙∙ ∙∙∙∙∙∙∙ ∙∙ ∙∙∙ ∙∙∙∙ ∙∙∙∙∙ ∙∙∙∙∙∙ ∙∙∙∙∙∙∙ ∙∙ ∙∙∙ ∙∙∙∙ ∙∙∙∙∙ ∙∙∙∙∙∙ ∙∙∙∙∙∙∙ ∙∙ ∙∙∙ ∙∙∙∙ ∙∙∙∙∙ ∙∙∙∙∙∙ ∙∙∙∙∙∙∙ ∙∙ ∙∙∙ ∙∙∙∙ ∙∙∙∙∙ ∙∙∙∙∙∙ ∙∙∙∙∙∙∙ ∙∙ ∙∙∙ ∙∙∙∙ ∙∙∙∙∙ ∙∙∙∙∙∙ ∙∙∙∙∙∙∙ ∙∙ ∙∙∙ ∙∙∙∙ ∙∙∙∙∙ ∙∙∙∙∙∙ ∙∙∙∙∙∙∙ ∙∙ ∙∙∙ ∙∙∙∙ ∙∙∙∙∙ ∙∙∙∙∙∙ ∙∙∙∙∙∙∙ ∙∙ ∙∙∙ ∙∙∙∙ ∙∙∙∙∙ ∙∙∙∙∙∙ ∙∙∙∙∙∙∙ ∙∙ ∙∙∙ ∙∙∙∙ ∙∙∙∙∙ ∙∙∙∙∙∙ ∙∙∙∙∙∙∙ ∙∙ ∙∙∙ ∙∙∙∙ ∙∙∙∙∙ ∙∙∙∙∙∙ ∙∙∙∙∙∙∙ ∙∙ ∙∙∙ ∙∙∙∙ ∙∙∙∙∙
IN OTHER CENTRES.
EASY WICKETS.
∙∙ ∙∙∙ ∙∙∙∙ ∙∙∙∙∙ ∙∙∙∙∙∙ ∙∙∙∙∙∙∙ ∙∙ ∙∙∙ ∙∙∙∙ ∙∙∙∙∙ ∙∙∙∙∙∙ ∙∙∙∙∙∙∙ ∙∙ ∙∙∙ ∙∙∙∙ ∙∙∙∙∙ ∙∙∙∙∙∙ ∙∙∙∙∙∙∙ ∙∙ ∙∙∙ ∙∙∙∙ ∙∙∙∙∙ ∙∙∙∙∙∙ ∙∙∙∙∙∙∙ ∙∙ ∙∙∙ ∙∙∙∙ ∙∙∙∙∙ ∙∙∙∙∙∙ ∙∙∙∙∙∙∙ ∙∙ ∙∙∙ ∙∙∙∙ ∙∙∙∙∙ ∙∙∙∙∙∙ ∙∙∙∙∙∙∙ ∙∙ ∙∙∙ ∙∙∙∙ ∙∙∙∙∙ ∙∙∙∙∙∙ ∙∙∙∙∙∙∙ ∙∙ ∙∙∙ ∙∙∙∙ ∙∙∙∙∙ ∙∙∙∙∙∙ ∙∙∙∙∙∙∙ ∙∙ ∙∙∙ ∙∙∙∙ ∙∙∙∙∙ ∙∙∙∙∙∙ ∙∙∙∙∙∙∙ ∙∙ ∙∙∙ ∙∙∙∙ ∙∙∙∙∙ ∙∙∙∙∙∙ ∙∙∙∙∙∙∙ ∙∙ ∙∙∙ ∙∙∙∙ ∙∙∙∙∙ ∙∙∙∙∙∙ ∙∙∙∙∙∙∙ ∙∙ ∙∙∙ ∙∙∙∙ ∙∙∙∙∙ ∙∙∙∙∙∙ ∙∙∙∙∙∙∙ ∙∙ ∙∙∙ ∙∙∙∙ ∙∙∙∙∙ ∙∙∙∙∙∙ ∙∙∙∙∙∙∙ ∙∙ ∙∙∙ ∙∙∙∙ ∙∙∙∙∙ ∙∙∙∙∙∙ ∙∙∙∙∙∙∙ ∙∙ ∙∙∙ ∙∙∙∙ ∙∙∙∙∙ ∙∙∙∙∙∙ ∙∙∙∙∙∙∙ ∙∙ ∙∙∙ ∙∙∙∙ ∙∙∙∙∙ ∙∙∙∙∙∙ ∙∙∙∙∙∙∙ ∙∙ ∙∙∙ ∙∙∙∙ ∙∙∙∙∙ ∙∙∙∙∙∙ ∙∙∙∙∙∙∙ ∙∙ ∙∙∙ ∙∙∙∙ ∙∙∙∙∙ ∙∙∙∙∙∙ ∙∙∙∙∙∙∙ ∙∙ ∙∙∙ ∙∙∙∙ ∙∙∙∙∙ ∙∙∙∙∙∙ ∙∙∙∙∙∙∙ ∙∙ ∙∙∙ ∙∙∙∙ ∙∙∙∙∙ ∙∙∙∙∙∙ ∙∙∙∙∙∙∙ ∙∙ ∙∙∙ ∙∙∙∙ ∙∙∙∙∙ ∙∙∙∙∙∙ ∙∙∙∙∙∙∙ ∙∙ ∙∙∙ ∙∙∙∙ ∙∙∙∙∙ ∙∙∙∙∙∙ ∙∙∙∙∙∙∙ ∙∙ ∙∙∙ ∙∙∙∙ ∙∙∙∙∙ ∙∙∙∙∙∙ ∙∙∙∙∙∙∙ ∙∙ ∙∙∙
HEAVY RUN-GETTING.
∙∙ ∙∙∙ ∙∙∙∙ ∙∙∙∙∙ ∙∙∙∙∙∙ ∙∙∙∙∙∙∙ ∙∙ ∙∙∙ ∙∙∙∙ ∙∙∙∙∙ ∙∙∙∙∙∙ ∙∙∙∙∙∙∙ ∙∙ ∙∙∙ ∙∙∙∙ ∙∙∙∙∙ ∙∙∙∙∙∙ ∙∙∙∙∙∙∙ ∙∙ ∙∙∙ ∙∙∙∙ ∙∙∙∙∙ ∙∙∙∙∙∙ ∙∙∙∙∙∙∙ ∙∙ ∙∙∙ ∙∙∙∙ ∙∙∙∙∙ ∙∙∙∙∙∙ ∙∙∙∙∙∙∙ ∙∙ ∙∙∙ ∙∙∙∙ ∙∙∙∙∙ ∙∙∙∙∙∙ ∙∙∙∙∙∙∙ ∙∙ ∙∙∙ ∙∙∙∙ ∙∙∙∙∙ ∙∙∙∙∙∙ ∙∙∙∙∙∙∙ ∙∙ ∙∙∙ ∙∙∙∙ ∙∙∙∙∙ ∙∙∙∙∙∙ ∙∙∙∙∙∙∙ ∙∙ ∙∙∙ ∙∙∙∙ ∙∙∙∙∙ ∙∙∙∙∙∙ ∙∙∙∙∙∙∙ ∙∙ ∙∙∙ ∙∙∙∙ ∙∙∙∙∙ ∙∙∙∙∙∙ ∙∙∙∙∙∙∙ ∙∙ ∙∙∙ ∙∙∙∙ ∙∙∙∙∙ ∙∙∙∙∙∙ ∙∙∙∙∙∙∙ ∙∙ ∙∙∙ ∙∙∙∙ ∙∙∙∙∙ ∙∙∙∙∙∙ ∙∙∙∙∙∙∙ ∙∙ ∙∙∙ ∙∙∙∙ ∙∙∙∙∙ ∙∙∙∙∙∙ ∙∙∙∙∙∙∙ ∙∙ ∙∙∙ ∙∙∙∙ ∙∙∙∙∙ ∙∙∙∙∙∙ ∙∙∙∙∙∙∙ ∙∙ ∙∙∙ ∙∙∙∙ ∙∙∙∙∙ ∙∙∙∙∙∙ ∙∙∙∙∙∙∙
DUNEDIN MATCHES.
∙∙ ∙∙∙ ∙∙∙∙ ∙∙∙∙∙ ∙∙∙∙∙∙ ∙∙∙∙∙∙∙ ∙∙ ∙∙∙ ∙∙∙∙ ∙∙∙∙∙ ∙∙∙∙∙∙ ∙∙∙∙∙∙∙ ∙∙ ∙∙∙ ∙∙∙∙ ∙∙∙∙∙ ∙∙∙∙∙∙ ∙∙∙∙∙∙∙ ∙∙ ∙∙∙ ∙∙∙∙ ∙∙∙∙∙ ∙∙∙∙∙∙ ∙∙∙∙∙∙∙ ∙∙ ∙∙∙ ∙∙∙∙ ∙∙∙∙∙ ∙∙∙∙∙∙ ∙∙∙∙∙∙∙ ∙∙ ∙∙∙ ∙∙∙∙ ∙∙∙∙∙ ∙∙∙∙∙∙ ∙∙∙∙∙∙∙ ∙∙ ∙∙∙ ∙∙∙∙ ∙∙∙∙∙ ∙∙∙∙∙∙ ∙∙∙∙∙∙∙ ∙∙ ∙∙∙ ∙∙∙∙ ∙∙∙∙∙ ∙∙∙∙∙∙ ∙∙∙∙∙∙∙ ∙∙ ∙∙∙ ∙∙∙∙ ∙∙∙∙∙ ∙∙∙∙∙∙ ∙∙∙∙∙∙∙ ∙∙ ∙∙∙ ∙∙∙∙ ∙∙∙∙∙ ∙∙∙∙∙∙ ∙∙∙∙∙∙∙ ∙∙ ∙∙∙ ∙∙∙∙ ∙∙∙∙∙ ∙∙∙∙∙∙ ∙∙∙∙∙∙∙ ∙∙ ∙∙∙ ∙∙∙∙ ∙∙∙∙∙ ∙∙∙∙∙∙ ∙∙∙∙∙∙∙ ∙∙ ∙∙∙ ∙∙∙∙ ∙∙∙∙∙ ∙∙∙∙∙∙ ∙∙∙∙∙∙∙ ∙∙ ∙∙∙ ∙∙∙∙ ∙∙∙∙∙ ∙∙∙∙∙∙ ∙∙∙∙∙∙∙ ∙∙ ∙∙∙ ∙∙∙∙ ∙∙∙∙∙ ∙∙∙∙∙∙ ∙∙∙∙∙∙∙
LODGE MEETING.
∙∙ ∙∙∙ ∙∙∙∙ ∙∙∙∙∙ ∙∙∙∙∙∙ ∙∙∙∙∙∙∙ ∙∙ ∙∙∙ ∙∙∙∙ ∙∙∙∙∙ ∙∙∙∙∙∙ ∙∙∙∙∙∙∙ ∙∙ ∙∙∙ ∙∙∙∙ ∙∙∙∙∙ ∙∙∙∙∙∙ ∙∙∙∙∙∙∙ ∙∙ ∙∙∙ ∙∙∙∙ ∙∙∙∙∙ ∙∙∙∙∙∙ ∙∙∙∙∙∙∙ ∙∙ ∙∙∙ ∙∙∙∙ ∙∙∙∙∙ ∙∙∙∙∙∙ ∙∙∙∙∙∙∙ ∙∙ ∙∙∙ ∙∙∙∙ ∙∙∙∙∙ ∙∙∙∙∙∙ ∙∙∙∙∙∙∙ ∙∙ ∙∙∙ ∙∙∙∙ ∙∙∙∙∙ ∙∙∙∙∙∙ ∙∙∙∙∙∙∙ ∙∙ ∙∙∙ ∙∙∙∙ ∙∙∙∙∙ ∙∙∙∙∙∙ ∙∙∙∙∙∙∙ ∙∙ ∙∙∙ ∙∙∙∙ ∙∙∙∙∙ ∙∙∙∙∙∙ ∙∙∙∙∙∙∙ ∙∙ ∙∙∙ ∙∙∙∙ ∙∙∙∙∙ ∙∙∙∙∙∙ ∙∙∙∙∙∙∙ ∙∙ ∙∙∙ ∙∙∙∙ ∙∙∙∙∙ ∙∙∙∙∙∙ ∙∙∙∙∙∙∙ ∙∙ ∙∙∙ ∙∙∙∙ ∙∙∙∙∙ ∙∙∙∙∙∙ ∙∙∙∙∙∙∙ ∙∙ ∙∙∙ ∙∙∙∙ ∙∙∙∙∙ ∙∙∙∙∙∙ ∙∙∙∙∙∙∙ ∙∙ ∙∙∙ ∙∙∙∙ ∙∙∙∙∙ ∙∙∙∙∙∙ ∙∙∙∙∙∙∙ ∙∙ ∙∙∙ ∙∙∙∙ ∙∙∙∙∙ ∙∙∙∙∙∙ ∙∙∙∙∙∙∙
MAIL NOTICES
∙∙ ∙∙∙ ∙∙∙∙ ∙∙∙∙∙ ∙∙∙∙∙∙ ∙∙∙∙∙∙∙ ∙∙ ∙∙∙ ∙∙∙∙ ∙∙∙∙∙ ∙∙∙∙∙∙ ∙∙∙∙∙∙∙ ∙∙ ∙∙∙ ∙∙∙∙ ∙∙∙∙∙ ∙∙∙∙∙∙ ∙∙∙∙∙∙∙ ∙∙ ∙∙∙ ∙∙∙∙ ∙∙∙∙∙ ∙∙∙∙∙∙ ∙∙∙∙∙∙∙ ∙∙ ∙∙∙ ∙∙∙∙ ∙∙∙∙∙ ∙∙∙∙∙∙ ∙∙∙∙∙∙∙ ∙∙ ∙∙∙ ∙∙∙∙ ∙∙∙∙∙ ∙∙∙∙∙∙ ∙∙∙∙∙∙∙ ∙∙ ∙∙∙ ∙∙∙∙ ∙∙∙∙∙ ∙∙∙∙∙∙ ∙∙∙∙∙∙∙ ∙∙ ∙∙∙ ∙∙∙∙ ∙∙∙∙∙ ∙∙∙∙∙∙ ∙∙∙∙∙∙∙ ∙∙ ∙∙∙ ∙∙∙∙ ∙∙∙∙∙ ∙∙∙∙∙∙ ∙∙∙∙∙∙∙ ∙∙ ∙∙∙ ∙∙∙∙ ∙∙∙∙∙ ∙∙∙∙∙∙ ∙∙∙∙∙∙∙ ∙∙ ∙∙∙ ∙∙∙∙ ∙∙∙∙∙ ∙∙∙∙∙∙ ∙∙∙∙∙∙∙ ∙∙ ∙∙∙ ∙∙∙∙ ∙∙∙∙∙ ∙∙∙∙∙∙ ∙∙∙∙∙∙∙ ∙∙ ∙∙∙ ∙∙∙∙ ∙∙∙∙∙ ∙∙∙∙∙∙ ∙∙∙∙∙∙∙ ∙∙ ∙∙∙ ∙∙∙∙ ∙∙∙∙∙ ∙∙∙∙∙∙ ∙∙∙∙∙∙∙ ∙∙ ∙∙∙ ∙∙∙∙ ∙∙∙∙∙ ∙∙∙∙∙∙ ∙∙∙∙∙∙∙ ∙∙ ∙∙∙ ∙∙∙∙ ∙∙∙∙∙ ∙∙∙∙∙∙ ∙∙∙∙∙∙∙ ∙∙ ∙∙∙ ∙∙∙∙ ∙∙∙∙∙ ∙∙∙∙∙∙ ∙∙∙∙∙∙∙ ∙∙ ∙∙∙ ∙∙∙∙ ∙∙∙∙∙ ∙∙∙∙∙∙ ∙∙∙∙∙∙∙ ∙∙ ∙∙∙ ∙∙∙∙ ∙∙∙∙∙ ∙∙∙∙∙∙ ∙∙∙∙∙∙∙ ∙∙ ∙∙∙ ∙∙∙∙ ∙∙∙∙∙ ∙∙∙∙∙∙ ∙∙∙∙∙∙∙ ∙∙ ∙∙∙ ∙∙∙∙ ∙∙∙∙∙ ∙∙∙∙∙∙ ∙∙∙∙∙∙∙ ∙∙ ∙∙∙ ∙∙∙∙ ∙∙∙∙∙ ∙∙∙∙∙∙ ∙∙∙∙∙∙∙ ∙∙ ∙∙∙ ∙∙∙∙ ∙∙∙∙∙ ∙∙∙∙∙∙ ∙∙∙∙∙∙∙ ∙∙ ∙∙∙ ∙∙∙∙ ∙∙∙∙∙ ∙∙∙∙∙∙ ∙∙∙∙∙∙∙ ∙∙ ∙∙∙ ∙∙∙∙ ∙∙∙∙∙ ∙∙∙∙∙∙ ∙∙∙∙∙∙∙ ∙∙ ∙∙∙ ∙∙∙∙ ∙∙∙∙∙ ∙∙∙∙∙∙ ∙∙∙∙∙∙∙ ∙∙ ∙∙∙ ∙∙∙∙ ∙∙∙∙∙ ∙∙∙∙∙∙ ∙∙∙∙∙∙∙ ∙∙ ∙∙∙ ∙∙∙∙ ∙∙∙∙∙ ∙∙∙∙∙∙ ∙∙∙∙∙∙∙ ∙∙ ∙∙∙ ∙∙∙∙ ∙∙∙∙∙ ∙∙∙∙∙∙ ∙∙∙∙∙∙∙ ∙∙ ∙∙∙ ∙∙∙∙ ∙∙∙∙∙ ∙∙∙∙∙∙ ∙∙∙∙∙∙∙ ∙∙ ∙∙∙ ∙∙∙∙ ∙∙∙∙∙ ∙∙∙∙∙∙ ∙∙∙∙∙∙∙ ∙∙ ∙∙∙ ∙∙∙∙ ∙∙∙∙∙ ∙∙∙∙∙∙ ∙∙∙∙∙∙∙ ∙∙ ∙∙∙ ∙∙∙∙ ∙∙∙∙∙ ∙∙∙∙∙∙ ∙∙∙∙∙∙∙ ∙∙ ∙∙∙ ∙∙∙∙ ∙∙∙∙∙ ∙∙∙∙∙∙ ∙∙∙∙∙∙∙ ∙∙ ∙∙∙ ∙∙∙∙ ∙∙∙∙∙ ∙∙∙∙∙∙ ∙∙∙∙∙∙∙ ∙∙ ∙∙∙ ∙∙∙∙ ∙∙∙∙∙ ∙∙∙∙∙∙ ∙∙∙∙∙∙∙ ∙∙ ∙∙∙ ∙∙∙∙ ∙∙∙∙∙ ∙∙∙∙∙∙ ∙∙∙∙∙∙∙ ∙∙ ∙∙∙ ∙∙∙∙ ∙∙∙∙∙ ∙∙∙∙∙∙ ∙∙∙∙∙∙∙ ∙∙ ∙∙∙ ∙∙∙∙ ∙∙∙∙∙ ∙∙∙∙∙∙ ∙∙∙∙∙∙∙ ∙∙ ∙∙∙ ∙∙∙∙ ∙∙∙∙∙ ∙∙∙∙∙∙ ∙∙∙∙∙∙∙ ∙∙ ∙∙∙ ∙∙∙∙ ∙∙∙∙∙ ∙∙∙∙∙∙ ∙∙∙∙∙∙∙ ∙∙ ∙∙∙ ∙∙∙∙ ∙∙∙∙∙ ∙∙∙∙∙∙ ∙∙∙∙∙∙∙ ∙∙ ∙∙∙ ∙∙∙∙ ∙∙∙∙∙ ∙∙∙∙∙∙ ∙∙∙∙∙∙∙ ∙∙ ∙∙∙ ∙∙∙∙ ∙∙∙∙∙ ∙∙∙∙∙∙ ∙∙∙∙∙∙∙ ∙∙ ∙∙∙ ∙∙∙∙ ∙∙∙∙∙ ∙∙∙∙∙∙ ∙∙∙∙∙∙∙ ∙∙ ∙∙∙ ∙∙∙∙ ∙∙∙∙∙ ∙∙∙∙∙∙ ∙∙∙∙∙∙∙ ∙∙ ∙∙∙ ∙∙∙∙ ∙∙∙∙∙ ∙∙∙∙∙∙ ∙∙∙∙∙∙∙ ∙∙ ∙∙∙ ∙∙∙∙ ∙∙∙∙∙ ∙∙∙∙∙∙ ∙∙∙∙∙∙∙ ∙∙ ∙∙∙ ∙∙∙∙ ∙∙∙∙∙ ∙∙∙∙∙∙ ∙∙∙∙∙∙∙ ∙∙ ∙∙∙ ∙∙∙∙ ∙∙∙∙∙ ∙∙∙∙∙∙ ∙∙∙∙∙∙∙
SHIPPING NEWS.
PHASES OF THE MOON.
Last quarter	5	3.42 a.m.
New moon	12	7.53 a.m.
First quarter	19	5.58 p.m.
Full moon	27	5.5 a.m.
HIGH WATER.
To-day, 7.58 a.m.; 8.4 p.m.
To-morrow, 8.26 a.m.; 8.48 p.m.
SUN.
Sun rises to-day, 4.31 a.m.; sets, 7.38 p.m.
ARRIVALS.
SATURDAY, DECEMBER 11.
∙∙ ∙∙∙ ∙∙∙∙ ∙∙∙∙∙ ∙∙∙∙∙∙ ∙∙∙∙∙∙∙ ∙∙ ∙∙∙ ∙∙∙∙ ∙∙∙∙∙ ∙∙∙∙∙∙ ∙∙∙∙∙∙∙ ∙∙ ∙∙∙ ∙∙∙∙ ∙∙∙∙∙ ∙∙∙∙∙∙ ∙∙∙∙∙∙∙ ∙∙ ∙∙∙ ∙∙∙∙ ∙∙∙∙∙ ∙∙∙∙∙∙ ∙∙∙∙∙∙∙ ∙∙ ∙∙∙ ∙∙∙∙ ∙∙∙∙∙ ∙∙∙∙∙∙ ∙∙∙∙∙∙∙ ∙∙ ∙∙∙ ∙∙∙∙ ∙∙∙∙∙ ∙∙∙∙∙∙ ∙∙∙∙∙∙∙ ∙∙ ∙∙∙ ∙∙∙∙ ∙∙∙∙∙ ∙∙∙∙∙∙ ∙∙∙∙∙∙∙ ∙∙ ∙∙∙ ∙∙∙∙ ∙∙∙∙∙ ∙∙∙∙∙∙ ∙∙∙∙∙∙∙ ∙∙ ∙∙∙ ∙∙∙∙ ∙∙∙∙∙ ∙∙∙∙∙∙ ∙∙∙∙∙∙∙ ∙∙ ∙∙∙ ∙∙∙∙ ∙∙∙∙∙ ∙∙∙∙∙∙ ∙∙∙∙∙∙∙ ∙∙ ∙∙∙ ∙∙∙∙ ∙∙∙∙∙ ∙∙∙∙∙∙ ∙∙∙∙∙∙∙ ∙∙ ∙∙∙ ∙∙∙∙ ∙∙∙∙∙ ∙∙∙∙∙∙ ∙∙∙∙∙∙∙ ∙∙ ∙∙∙ ∙∙∙∙ ∙∙∙∙∙ ∙∙∙∙∙∙ ∙∙∙∙∙∙∙ ∙∙ ∙∙∙ ∙∙∙∙ ∙∙∙∙∙ ∙∙∙∙∙∙ ∙∙∙∙∙∙∙ ∙∙ ∙∙∙ ∙∙∙∙ ∙∙∙∙∙ ∙∙∙∙∙∙ ∙∙∙∙∙∙∙ ∙∙ ∙∙∙ ∙∙∙∙ ∙∙∙∙∙ ∙∙∙∙∙∙ ∙∙∙∙∙∙∙ ∙∙ ∙∙∙ ∙∙∙∙ ∙∙∙∙∙ ∙∙∙∙∙∙ ∙∙∙∙∙∙∙ ∙∙ ∙∙∙ ∙∙∙∙ ∙∙∙∙∙ ∙∙∙∙∙∙ ∙∙∙∙∙∙∙ ∙∙ ∙∙∙ ∙∙∙∙ ∙∙∙∙∙ ∙∙∙∙∙∙ ∙∙∙∙∙∙∙ ∙∙ ∙∙∙ ∙∙∙∙ ∙∙∙∙∙ ∙∙∙∙∙∙ ∙∙∙∙∙∙∙ ∙∙ ∙∙∙ ∙∙∙∙ ∙∙∙∙∙ ∙∙∙∙∙∙ ∙∙∙∙∙∙∙ ∙∙ ∙∙∙ ∙∙∙∙ ∙∙∙∙∙ ∙∙∙∙∙∙ ∙∙∙∙∙∙∙ ∙∙ ∙∙∙ ∙∙∙∙ ∙∙∙∙∙ ∙∙∙∙∙∙ ∙∙∙∙∙∙∙ ∙∙ ∙∙∙ ∙∙∙∙ ∙∙∙∙∙ ∙∙∙∙∙∙ ∙∙∙∙∙∙∙ ∙∙ ∙∙∙ ∙∙∙∙ ∙∙∙∙∙ ∙∙∙∙∙∙ ∙∙∙∙∙∙∙ ∙∙ ∙∙∙ ∙∙∙∙ ∙∙∙∙∙ ∙∙∙∙∙∙ ∙∙∙∙∙∙∙ ∙∙ ∙∙∙ ∙∙∙∙ ∙∙∙∙∙ ∙∙∙∙∙∙ ∙∙∙∙∙∙∙ ∙∙ ∙∙∙ ∙∙∙∙ ∙∙∙∙∙ ∙∙∙∙∙∙ ∙∙∙∙∙∙∙ ∙∙ ∙∙∙ ∙∙∙∙ ∙∙∙∙∙ ∙∙∙∙∙∙ ∙∙∙∙∙∙∙ ∙∙ ∙∙∙ ∙∙∙∙ ∙∙∙∙∙ ∙∙∙∙∙∙ ∙∙∙∙∙∙∙ ∙∙ ∙∙∙ ∙∙∙∙ ∙∙∙∙∙ ∙∙∙∙∙∙ ∙∙∙∙∙∙∙ ∙∙ ∙∙∙ ∙∙∙∙ ∙∙∙∙∙ ∙∙∙∙∙∙ ∙∙∙∙∙∙∙ ∙∙ ∙∙∙ ∙∙∙∙ ∙∙∙∙∙ ∙∙∙∙∙∙ ∙∙∙∙∙∙∙ ∙∙ ∙∙∙ ∙∙∙∙ ∙∙∙∙∙ ∙∙∙∙∙∙ ∙∙∙∙∙∙∙ ∙∙ ∙∙∙ ∙∙∙∙ ∙∙∙∙∙ ∙∙∙∙∙∙ ∙∙∙∙∙∙∙ ∙∙ ∙∙∙ ∙∙∙∙ ∙∙∙∙∙ ∙∙∙∙∙∙ ∙∙∙∙∙∙∙ ∙∙ ∙∙∙ ∙∙∙∙ ∙∙∙∙∙ ∙∙∙∙∙∙ ∙∙∙∙∙∙∙ ∙∙ ∙∙∙ ∙∙∙∙ ∙∙∙∙∙ ∙∙∙∙∙∙ ∙∙∙∙∙∙∙ ∙∙ ∙∙∙ ∙∙∙∙ ∙∙∙∙∙ ∙∙∙∙∙∙ ∙∙∙∙∙∙∙ ∙∙ ∙∙∙ ∙∙∙∙ ∙∙∙∙∙ ∙∙∙∙∙∙ ∙∙∙∙∙∙∙ ∙∙ ∙∙∙ ∙∙∙∙ ∙∙∙∙∙ ∙∙∙∙∙∙ ∙∙∙∙∙∙∙ ∙∙ ∙∙∙ ∙∙∙∙ ∙∙∙∙∙ ∙∙∙∙∙∙ ∙∙∙∙∙∙∙ ∙∙ ∙∙∙ ∙∙∙∙ ∙∙∙∙∙ ∙∙∙∙∙∙ ∙∙∙∙∙∙∙ ∙∙ ∙∙∙ ∙∙∙∙ ∙∙∙∙∙ ∙∙∙∙∙∙ ∙∙∙∙∙∙∙ ∙∙ ∙∙∙ ∙∙∙∙ ∙∙∙∙∙ ∙∙∙∙∙∙ ∙∙∙∙∙∙∙ ∙∙ ∙∙∙ ∙∙∙∙ ∙∙∙∙∙ ∙∙∙∙∙∙ ∙∙∙∙∙∙∙ ∙∙ ∙∙∙ ∙∙∙∙ ∙∙∙∙∙
SUNDAY, DECEMBER 12.
∙∙ ∙∙∙ ∙∙∙∙ ∙∙∙∙∙ ∙∙∙∙∙∙ ∙∙∙∙∙∙∙ ∙∙ ∙∙∙ ∙∙∙∙ ∙∙∙∙∙ ∙∙∙∙∙∙ ∙∙∙∙∙∙∙ ∙∙ ∙∙∙ ∙∙∙∙ ∙∙∙∙∙ ∙∙∙∙∙∙ ∙∙∙∙∙∙∙ ∙∙ ∙∙∙ ∙∙∙∙ ∙∙∙∙∙ ∙∙∙∙∙∙ ∙∙∙∙∙∙∙ ∙∙ ∙∙∙ ∙∙∙∙ ∙∙∙∙∙ ∙∙∙∙∙∙ ∙∙∙∙∙∙∙ ∙∙ ∙∙∙ ∙∙∙∙ ∙∙∙∙∙ ∙∙∙∙∙∙ ∙∙∙∙∙∙∙ ∙∙ ∙∙∙ ∙∙∙∙ ∙∙∙∙∙ ∙∙∙∙∙∙ ∙∙∙∙∙∙∙ ∙∙ ∙∙∙ ∙∙∙∙ ∙∙∙∙∙ ∙∙∙∙∙∙ ∙∙∙∙∙∙∙ ∙∙ ∙∙∙ ∙∙∙∙ ∙∙∙∙∙ ∙∙∙∙∙∙ ∙∙∙∙∙∙∙ ∙∙ ∙∙∙ ∙∙∙∙ ∙∙∙∙∙ ∙∙∙∙∙∙ ∙∙∙∙∙∙∙ ∙∙ ∙∙∙ ∙∙∙∙ ∙∙∙∙∙ ∙∙∙∙∙∙ ∙∙∙∙∙∙∙ ∙∙ ∙∙∙ ∙∙∙∙ ∙∙∙∙∙ ∙∙∙∙∙∙ ∙∙∙∙∙∙∙ ∙∙ ∙∙∙ ∙∙∙∙ ∙∙∙∙∙ ∙∙∙∙∙∙ ∙∙∙∙∙∙∙ ∙∙ ∙∙∙ ∙∙∙∙ ∙∙∙∙∙ ∙∙∙∙∙∙ ∙∙∙∙∙∙∙ ∙∙ ∙∙∙ ∙∙∙∙ ∙∙∙∙∙ ∙∙∙∙∙∙ ∙∙∙∙∙∙∙ ∙∙ ∙∙∙ ∙∙∙∙ ∙∙∙∙∙ ∙∙∙∙∙∙ ∙∙∙∙∙∙∙ ∙∙ ∙∙∙ ∙∙∙∙ ∙∙∙∙∙ ∙∙∙∙∙∙ ∙∙∙∙∙∙∙ ∙∙ ∙∙∙ ∙∙∙∙ ∙∙∙∙∙ ∙∙∙∙∙∙ ∙∙∙∙∙∙∙ ∙∙ ∙∙∙ ∙∙∙∙ ∙∙∙∙∙ ∙∙∙∙∙∙ ∙∙∙∙∙∙∙ ∙∙ ∙∙∙ ∙∙∙∙ ∙∙∙∙∙ ∙∙∙∙∙∙ ∙∙∙∙∙∙∙ ∙∙ ∙∙∙ ∙∙∙∙ ∙∙∙∙∙ ∙∙∙∙∙∙ ∙∙∙∙∙∙∙ ∙∙ ∙∙∙ ∙∙∙∙ ∙∙∙∙∙ ∙∙∙∙∙∙ ∙∙∙∙∙∙∙ ∙∙ ∙∙∙ ∙∙∙∙ ∙∙∙∙∙ ∙∙∙∙∙∙ ∙∙∙∙∙∙∙ ∙∙ ∙∙∙ ∙∙∙∙ ∙∙∙∙∙ ∙∙∙∙∙∙ ∙∙∙∙∙∙∙ ∙∙ ∙∙∙ ∙∙∙∙ ∙∙∙∙∙ ∙∙∙∙∙∙ ∙∙∙∙∙∙∙ ∙∙ ∙∙∙ ∙∙∙∙ ∙∙∙∙∙ ∙∙∙∙∙∙ ∙∙∙∙∙∙∙ ∙∙ ∙∙∙ ∙∙∙∙ ∙∙∙∙∙
DEPARTURES.
∙∙ ∙∙∙ ∙∙∙∙ ∙∙∙∙∙ ∙∙∙∙∙∙ ∙∙∙∙∙∙∙ ∙∙ ∙∙∙ ∙∙∙∙ ∙∙∙∙∙ ∙∙∙∙∙∙ ∙∙∙∙∙∙∙ ∙∙ ∙∙∙ ∙∙∙∙ ∙∙∙∙∙ ∙∙∙∙∙∙ ∙∙∙∙∙∙∙ ∙∙ ∙∙∙ ∙∙∙∙ ∙∙∙∙∙ ∙∙∙∙∙∙ ∙∙∙∙∙∙∙ ∙∙ ∙∙∙ ∙∙∙∙ ∙∙∙∙∙ ∙∙∙∙∙∙ ∙∙∙∙∙∙∙ ∙∙ ∙∙∙ ∙∙∙∙ ∙∙∙∙∙ ∙∙∙∙∙∙ ∙∙∙∙∙∙∙ ∙∙ ∙∙∙ ∙∙∙∙ ∙∙∙∙∙ ∙∙∙∙∙∙ ∙∙∙∙∙∙∙ ∙∙ ∙∙∙ ∙∙∙∙ ∙∙∙∙∙ ∙∙∙∙∙∙ ∙∙∙∙∙∙∙ ∙∙ ∙∙∙ ∙∙∙∙ ∙∙∙∙∙ ∙∙∙∙∙∙ ∙∙∙∙∙∙∙ ∙∙ ∙∙∙ ∙∙∙∙ ∙∙∙∙∙ ∙∙∙∙∙∙ ∙∙∙∙∙∙∙ ∙∙ ∙∙∙ ∙∙∙∙ ∙∙∙∙∙ ∙∙∙∙∙∙ ∙∙∙∙∙∙∙ ∙∙ ∙∙∙ ∙∙∙∙ ∙∙∙∙∙ ∙∙∙∙∙∙ ∙∙∙∙∙∙∙ ∙∙ ∙∙∙ ∙∙∙∙ ∙∙∙∙∙ ∙∙∙∙∙∙ ∙∙∙∙∙∙∙ ∙∙ ∙∙∙ ∙∙∙∙ ∙∙∙∙∙ ∙∙∙∙∙∙ ∙∙∙∙∙∙∙ ∙∙ ∙∙∙ ∙∙∙∙ ∙∙∙∙∙ ∙∙∙∙∙∙ ∙∙∙∙∙∙∙
EXPECTED ARRIVALS
∙∙ ∙∙∙ ∙∙∙∙ ∙∙∙∙∙ ∙∙∙∙∙∙ ∙∙∙∙∙∙∙ ∙∙ ∙∙∙ ∙∙∙∙ ∙∙∙∙∙ ∙∙∙∙∙∙ ∙∙∙∙∙∙∙ ∙∙ ∙∙∙ ∙∙∙∙ ∙∙∙∙∙ ∙∙∙∙∙∙ ∙∙∙∙∙∙∙ ∙∙ ∙∙∙ ∙∙∙∙ ∙∙∙∙∙ ∙∙∙∙∙∙ ∙∙∙∙∙∙∙ ∙∙ ∙∙∙ ∙∙∙∙ ∙∙∙∙∙ ∙∙∙∙∙∙ ∙∙∙∙∙∙∙ ∙∙ ∙∙∙ ∙∙∙∙ ∙∙∙∙∙ ∙∙∙∙∙∙ ∙∙∙∙∙∙∙ ∙∙ ∙∙∙ ∙∙∙∙ ∙∙∙∙∙ ∙∙∙∙∙∙ ∙∙∙∙∙∙∙ ∙∙ ∙∙∙ ∙∙∙∙ ∙∙∙∙∙ ∙∙∙∙∙∙ ∙∙∙∙∙∙∙ ∙∙ ∙∙∙ ∙∙∙∙ ∙∙∙∙∙ ∙∙∙∙∙∙ ∙∙∙∙∙∙∙ ∙∙ ∙∙∙ ∙∙∙∙ ∙∙∙∙∙ ∙∙∙∙∙∙ ∙∙∙∙∙∙∙ ∙∙ ∙∙∙ ∙∙∙∙ ∙∙∙∙∙ ∙∙∙∙∙∙ ∙∙∙∙∙∙∙ ∙∙ ∙∙∙ ∙∙∙∙ ∙∙∙∙∙ ∙∙∙∙∙∙ ∙∙∙∙∙∙∙ ∙∙ ∙∙∙ ∙∙∙∙ ∙∙∙∙∙ ∙∙∙∙∙∙ ∙∙∙∙∙∙∙ ∙∙ ∙∙∙ ∙∙∙∙ ∙∙∙∙∙ ∙∙∙∙∙∙ ∙∙∙∙∙∙∙ ∙∙ ∙∙∙ ∙∙∙∙ ∙∙∙∙∙ ∙∙∙∙∙∙ ∙∙∙∙∙∙∙ ∙∙ ∙∙∙ ∙∙∙∙ ∙∙∙∙∙ ∙∙∙∙∙∙ ∙∙∙∙∙∙∙ ∙∙ ∙∙∙ ∙∙∙∙ ∙∙∙∙∙ ∙∙∙∙∙∙ ∙∙∙∙∙∙∙ ∙∙ ∙∙∙ ∙∙∙∙ ∙∙∙∙∙ ∙∙∙∙∙∙ ∙∙∙∙∙∙∙ ∙∙ ∙∙∙ ∙∙∙∙ ∙∙∙∙∙ ∙∙∙∙∙∙ ∙∙∙∙∙∙∙ ∙∙ ∙∙∙ ∙∙∙∙ ∙∙∙∙∙ ∙∙∙∙∙∙ ∙∙∙∙∙∙∙ ∙∙ ∙∙∙ ∙∙∙∙ ∙∙∙∙∙ ∙∙∙∙∙∙ ∙∙∙∙∙∙∙ ∙∙ ∙∙∙ ∙∙∙∙ ∙∙∙∙∙
PROJECTED DEPARTURES.
∙∙ ∙∙∙ ∙∙∙∙ ∙∙∙∙∙ ∙∙∙∙∙∙ ∙∙∙∙∙∙∙ ∙∙ ∙∙∙ ∙∙∙∙ ∙∙∙∙∙ ∙∙∙∙∙∙ ∙∙∙∙∙∙∙ ∙∙ ∙∙∙ ∙∙∙∙ ∙∙∙∙∙ ∙∙∙∙∙∙ ∙∙∙∙∙∙∙ ∙∙ ∙∙∙ ∙∙∙∙ ∙∙∙∙∙ ∙∙∙∙∙∙ ∙∙∙∙∙∙∙ ∙∙ ∙∙∙ ∙∙∙∙ ∙∙∙∙∙ ∙∙∙∙∙∙ ∙∙∙∙∙∙∙ ∙∙ ∙∙∙ ∙∙∙∙ ∙∙∙∙∙ ∙∙∙∙∙∙ ∙∙∙∙∙∙∙ ∙∙ ∙∙∙ ∙∙∙∙ ∙∙∙∙∙ ∙∙∙∙∙∙ ∙∙∙∙∙∙∙ ∙∙ ∙∙∙ ∙∙∙∙ ∙∙∙∙∙ ∙∙∙∙∙∙ ∙∙∙∙∙∙∙ ∙∙ ∙∙∙ ∙∙∙∙ ∙∙∙∙∙ ∙∙∙∙∙∙ ∙∙∙∙∙∙∙ ∙∙ ∙∙∙ ∙∙∙∙ ∙∙∙∙∙ ∙∙∙∙∙∙ ∙∙∙∙∙∙∙ ∙∙ ∙∙∙ ∙∙∙∙ ∙∙∙∙∙ ∙∙∙∙∙∙ ∙∙∙∙∙∙∙ ∙∙ ∙∙∙ ∙∙∙∙ ∙∙∙∙∙ ∙∙∙∙∙∙ ∙∙∙∙∙∙∙ ∙∙ ∙∙∙ ∙∙∙∙ ∙∙∙∙∙ ∙∙∙∙∙∙ ∙∙∙∙∙∙∙ ∙∙ ∙∙∙ ∙∙∙∙ ∙∙∙∙∙ ∙∙∙∙∙∙ ∙∙∙∙∙∙∙ ∙∙ ∙∙∙ ∙∙∙∙ ∙∙∙∙∙ ∙∙∙∙∙∙ ∙∙∙∙∙∙∙ ∙∙ ∙∙∙ ∙∙∙∙ ∙∙∙∙∙ ∙∙∙∙∙∙ ∙∙∙∙∙∙∙ ∙∙ ∙∙∙ ∙∙∙∙ ∙∙∙∙∙
INTERCOLONIAL SERVICE.
∙∙ ∙∙∙ ∙∙∙∙ ∙∙∙∙∙ ∙∙∙∙∙∙ ∙∙∙∙∙∙∙ ∙∙ ∙∙∙ ∙∙∙∙ ∙∙∙∙∙ ∙∙∙∙∙∙ ∙∙∙∙∙∙∙ ∙∙ ∙∙∙ ∙∙∙∙ ∙∙∙∙∙ ∙∙∙∙∙∙ ∙∙∙∙∙∙∙ ∙∙ ∙∙∙ ∙∙∙∙ ∙∙∙∙∙ ∙∙∙∙∙∙ ∙∙∙∙∙∙∙ ∙∙ ∙∙∙ ∙∙∙∙ ∙∙∙∙∙ ∙∙∙∙∙∙ ∙∙∙∙∙∙∙ ∙∙ ∙∙∙ ∙∙∙∙ ∙∙∙∙∙ ∙∙∙∙∙∙ ∙∙∙∙∙∙∙ ∙∙ ∙∙∙ ∙∙∙∙ ∙∙∙∙∙ ∙∙∙∙∙∙ ∙∙∙∙∙∙∙ ∙∙ ∙∙∙ ∙∙∙∙ ∙∙∙∙∙ ∙∙∙∙∙∙ ∙∙∙∙∙∙∙ ∙∙ ∙∙∙ ∙∙∙∙ ∙∙∙∙∙ ∙∙∙∙∙∙ ∙∙∙∙∙∙∙ ∙∙ ∙∙∙ ∙∙∙∙ ∙∙∙∙∙ ∙∙∙∙∙∙ ∙∙∙∙∙∙∙ ∙∙ ∙∙∙ ∙∙∙∙ ∙∙∙∙∙ ∙∙∙∙∙∙ ∙∙∙∙∙∙∙ ∙∙ ∙∙∙ ∙∙∙∙ ∙∙∙∙∙ ∙∙∙∙∙∙ ∙∙∙∙∙∙∙ ∙∙ ∙∙∙ ∙∙∙∙ ∙∙∙∙∙ ∙∙∙∙∙∙ ∙∙∙∙∙∙∙ ∙∙ ∙∙∙ ∙∙∙∙ ∙∙∙∙∙ ∙∙∙∙∙∙ ∙∙∙∙∙∙∙ ∙∙ ∙∙∙ ∙∙∙∙ ∙∙∙∙∙ ∙∙∙∙∙∙ ∙∙∙∙∙∙∙ ∙∙ ∙∙∙ ∙∙∙∙ ∙∙∙∙∙ ∙∙∙∙∙∙ ∙∙∙∙∙∙∙ ∙∙ ∙∙∙ ∙∙∙∙ ∙∙∙∙∙ ∙∙∙∙∙∙ ∙∙∙∙∙∙∙ ∙∙ ∙∙∙ ∙∙∙∙ ∙∙∙∙∙ ∙∙∙∙∙∙ ∙∙∙∙∙∙∙ ∙∙ ∙∙∙ ∙∙∙∙ ∙∙∙∙∙ ∙∙∙∙∙∙ ∙∙∙∙∙∙∙ ∙∙ ∙∙∙ ∙∙∙∙ ∙∙∙∙∙ ∙∙∙∙∙∙ ∙∙∙∙∙∙∙
OVERSEA SHIPPING.
∙∙ ∙∙∙ ∙∙∙∙ ∙∙∙∙∙ ∙∙∙∙∙∙ ∙∙∙∙∙∙∙ ∙∙ ∙∙∙ ∙∙∙∙ ∙∙∙∙∙ ∙∙∙∙∙∙ ∙∙∙∙∙∙∙ ∙∙ ∙∙∙ ∙∙∙∙ ∙∙∙∙∙ ∙∙∙∙∙∙ ∙∙∙∙∙∙∙ ∙∙ ∙∙∙ ∙∙∙∙ ∙∙∙∙∙ ∙∙∙∙∙∙ ∙∙∙∙∙∙∙ ∙∙ ∙∙∙ ∙∙∙∙ ∙∙∙∙∙ ∙∙∙∙∙∙ ∙∙∙∙∙∙∙ ∙∙ ∙∙∙ ∙∙∙∙ ∙∙∙∙∙ ∙∙∙∙∙∙ ∙∙∙∙∙∙∙ ∙∙ ∙∙∙ ∙∙∙∙ ∙∙∙∙∙
∙∙ ∙∙∙ ∙∙∙∙ ∙∙∙∙∙ ∙∙∙∙∙∙ ∙∙∙∙∙∙∙ ∙∙ ∙∙∙ ∙∙∙∙ ∙∙∙∙∙ ∙∙∙∙∙∙ ∙∙∙∙∙∙∙ ∙∙ ∙∙∙ ∙∙∙∙ ∙∙∙∙∙ ∙∙∙∙∙∙ ∙∙∙∙∙∙∙ ∙∙ ∙∙∙ ∙∙∙∙ ∙∙∙∙∙ ∙∙∙∙∙∙ ∙∙∙∙∙∙∙ ∙∙ ∙∙∙ ∙∙∙∙ ∙∙∙∙∙ ∙∙∙∙∙∙ ∙∙∙∙∙∙∙ ∙∙ ∙∙∙ ∙∙∙∙ ∙∙∙∙∙ ∙∙∙∙∙∙ ∙∙∙∙∙∙∙ ∙∙ ∙∙∙ ∙∙∙∙ ∙∙∙∙∙ ∙∙∙∙∙∙ ∙∙∙∙∙∙∙ ∙∙ ∙∙∙ ∙∙∙∙ ∙∙∙∙∙ ∙∙∙∙∙∙ ∙∙∙∙∙∙∙ ∙∙ ∙∙∙ ∙∙∙∙ ∙∙∙∙∙ ∙∙∙∙∙∙ ∙∙∙∙∙∙∙ ∙∙ ∙∙∙ ∙∙∙∙ ∙∙∙∙∙ ∙∙∙∙∙∙ ∙∙∙∙∙∙∙ ∙∙ ∙∙∙ ∙∙∙∙ ∙∙∙∙∙ ∙∙∙∙∙∙ ∙∙∙∙∙∙∙ ∙∙ ∙∙∙ ∙∙∙∙ ∙∙∙∙∙ ∙∙∙∙∙∙ ∙∙∙∙∙∙∙ ∙∙ ∙∙∙ ∙∙∙∙ ∙∙∙∙∙ ∙∙∙∙∙∙ ∙∙∙∙∙∙∙ ∙∙ ∙∙∙ ∙∙∙∙ ∙∙∙∙∙ ∙∙∙∙∙∙ ∙∙∙∙∙∙∙ ∙∙ ∙∙∙ ∙∙∙∙ ∙∙∙∙∙ ∙∙∙∙∙∙ ∙∙∙∙∙∙∙ ∙∙ ∙∙∙ ∙∙∙∙ ∙∙∙∙∙ ∙∙∙∙∙∙ ∙∙∙∙∙∙∙ ∙∙ ∙∙∙ ∙∙∙∙ ∙∙∙∙∙ ∙∙∙∙∙∙ ∙∙∙∙∙∙∙ ∙∙ ∙∙∙ ∙∙∙∙ ∙∙∙∙∙ ∙∙∙∙∙∙ ∙∙∙∙∙∙∙ ∙∙ ∙∙∙ ∙∙∙∙ ∙∙∙∙∙ ∙∙∙∙∙∙ ∙∙∙∙∙∙∙ ∙∙ ∙∙∙ ∙∙∙∙ ∙∙∙∙∙ ∙∙∙∙∙∙ ∙∙∙∙∙∙∙ ∙∙ ∙∙∙ ∙∙∙∙ ∙∙∙∙∙ ∙∙∙∙∙∙ ∙∙∙∙∙∙∙ ∙∙ ∙∙∙ ∙∙∙∙ ∙∙∙∙∙ ∙∙∙∙∙∙ ∙∙∙∙∙∙∙ ∙∙ ∙∙∙ ∙∙∙∙ ∙∙∙∙∙ ∙∙∙∙∙∙ ∙∙∙∙∙∙∙ ∙∙ ∙∙∙ ∙∙∙∙ ∙∙∙∙∙ ∙∙∙∙∙∙ ∙∙∙∙∙∙∙ ∙∙ ∙∙∙ ∙∙∙∙ ∙∙∙∙∙ ∙∙∙∙∙∙ ∙∙∙∙∙∙∙ ∙∙ ∙∙∙ ∙∙∙∙ ∙∙∙∙∙ ∙∙∙∙∙∙ ∙∙∙∙∙∙∙ ∙∙ ∙∙∙ ∙∙∙∙ ∙∙∙∙∙ ∙∙∙∙∙∙ ∙∙∙∙∙∙∙ ∙∙ ∙∙∙ ∙∙∙∙ ∙∙∙∙∙ ∙∙∙∙∙∙ ∙∙∙∙∙∙∙ ∙∙ ∙∙∙ ∙∙∙∙ ∙∙∙∙∙ ∙∙∙∙∙∙ ∙∙∙∙∙∙∙ ∙∙ ∙∙∙ ∙∙∙∙ ∙∙∙∙∙ ∙∙∙∙∙∙ ∙∙∙∙∙∙∙ ∙∙ ∙∙∙ ∙∙∙∙ ∙∙∙∙∙ ∙∙∙∙∙∙ ∙∙∙∙∙∙∙ ∙∙ ∙∙∙ ∙∙∙∙ ∙∙∙∙∙ ∙∙∙∙∙∙ ∙∙∙∙∙∙∙ ∙∙ ∙∙∙ ∙∙∙∙ ∙∙∙∙∙ ∙∙∙∙∙∙ ∙∙∙∙∙∙∙ ∙∙ ∙∙∙ ∙∙∙∙ ∙∙∙∙∙ ∙∙∙∙∙∙ ∙∙∙∙∙∙∙ ∙∙ ∙∙∙ ∙∙∙∙ ∙∙∙∙∙ ∙∙∙∙∙∙ ∙∙∙∙∙∙∙ ∙∙ ∙∙∙ ∙∙∙∙ ∙∙∙∙∙ ∙∙∙∙∙∙ ∙∙∙∙∙∙∙ ∙∙ ∙∙∙ ∙∙∙∙ ∙∙∙∙∙ ∙∙∙∙∙∙ ∙∙∙∙∙∙∙ ∙∙ ∙∙∙ ∙∙∙∙ ∙∙∙∙∙ ∙∙∙∙∙∙ ∙∙∙∙∙∙∙ ∙∙ ∙∙∙ ∙∙∙∙ ∙∙∙∙∙ ∙∙∙∙∙∙ ∙∙∙∙∙∙∙ ∙∙ ∙∙∙ ∙∙∙∙ ∙∙∙∙∙ ∙∙∙∙∙∙ ∙∙∙∙∙∙∙
SAILINGS TO ARRIVE.
∙∙ ∙∙∙ ∙∙∙∙ ∙∙∙∙∙ ∙∙∙∙∙∙ ∙∙∙∙∙∙∙ ∙∙ ∙∙∙ ∙∙∙∙ ∙∙∙∙∙ ∙∙∙∙∙∙ ∙∙∙∙∙∙∙ ∙∙ ∙∙∙ ∙∙∙∙ ∙∙∙∙∙ ∙∙∙∙∙∙ ∙∙∙∙∙∙∙ ∙∙ ∙∙∙ ∙∙∙∙ ∙∙∙∙∙ ∙∙∙∙∙∙ ∙∙∙∙∙∙∙ ∙∙ ∙∙∙ ∙∙∙∙ ∙∙∙∙∙ ∙∙∙∙∙∙ ∙∙∙∙∙∙∙ ∙∙ ∙∙∙ ∙∙∙∙ ∙∙∙∙∙ ∙∙∙∙∙∙ ∙∙∙∙∙∙∙ ∙∙ ∙∙∙ ∙∙∙∙ ∙∙∙∙∙ ∙∙∙∙∙∙ ∙∙∙∙∙∙∙ ∙∙ ∙∙∙ ∙∙∙∙ ∙∙∙∙∙ ∙∙∙∙∙∙ ∙∙∙∙∙∙∙ ∙∙ ∙∙∙ ∙∙∙∙ ∙∙∙∙∙ ∙∙∙∙∙∙ ∙∙∙∙∙∙∙ ∙∙ ∙∙∙ ∙∙∙∙ ∙∙∙∙∙ ∙∙∙∙∙∙ ∙∙∙∙∙∙∙ ∙∙ ∙∙∙ ∙∙∙∙ ∙∙∙∙∙ ∙∙∙∙∙∙ ∙∙∙∙∙∙∙ ∙∙ ∙∙∙ ∙∙∙∙ ∙∙∙∙∙ ∙∙∙∙∙∙ ∙∙∙∙∙∙∙ ∙∙ ∙∙∙ ∙∙∙∙ ∙∙∙∙∙ ∙∙∙∙∙∙ ∙∙∙∙∙∙∙ ∙∙ ∙∙∙ ∙∙∙∙ ∙∙∙∙∙ ∙∙∙∙∙∙ ∙∙∙∙∙∙∙ ∙∙ ∙∙∙ ∙∙∙∙ ∙∙∙∙∙ ∙∙∙∙∙∙ ∙∙∙∙∙∙∙ ∙∙ ∙∙∙ ∙∙∙∙ ∙∙∙∙∙ ∙∙∙∙∙∙ ∙∙∙∙∙∙∙ ∙∙ ∙∙∙ ∙∙∙∙ ∙∙∙∙∙ ∙∙∙∙∙∙ ∙∙∙∙∙∙∙ ∙∙ ∙∙∙ ∙∙∙∙ ∙∙∙∙∙ ∙∙∙∙∙∙ ∙∙∙∙∙∙∙ ∙∙ ∙∙∙
BY TELEGRAPH.
∙∙ ∙∙∙ ∙∙∙∙ ∙∙∙∙∙ ∙∙∙∙∙∙ ∙∙∙∙∙∙∙ ∙∙ ∙∙∙ ∙∙∙∙ ∙∙∙∙∙ ∙∙∙∙∙∙ ∙∙∙∙∙∙∙ ∙∙ ∙∙∙ ∙∙∙∙ ∙∙∙∙∙ ∙∙∙∙∙∙ ∙∙∙∙∙∙∙ ∙∙ ∙∙∙ ∙∙∙∙ ∙∙∙∙∙ ∙∙∙∙∙∙ ∙∙∙∙∙∙∙ ∙∙ ∙∙∙ ∙∙∙∙ ∙∙∙∙∙ ∙∙∙∙∙∙ ∙∙∙∙∙∙∙ ∙∙ ∙∙∙ ∙∙∙∙ ∙∙∙∙∙ ∙∙∙∙∙∙ ∙∙∙∙∙∙∙ ∙∙ ∙∙∙ ∙∙∙∙ ∙∙∙∙∙ ∙∙∙∙∙∙ ∙∙∙∙∙∙∙ ∙∙ ∙∙∙ ∙∙∙∙ ∙∙∙∙∙ ∙∙∙∙∙∙ ∙∙∙∙∙∙∙ ∙∙ ∙∙∙ ∙∙∙∙ ∙∙∙∙∙ ∙∙∙∙∙∙ ∙∙∙∙∙∙∙ ∙∙ ∙∙∙ ∙∙∙∙ ∙∙∙∙∙ ∙∙∙∙∙∙ ∙∙∙∙∙∙∙ ∙∙ ∙∙∙ ∙∙∙∙ ∙∙∙∙∙ ∙∙∙∙∙∙ ∙∙∙∙∙∙∙ ∙∙ ∙∙∙ ∙∙∙∙ ∙∙∙∙∙ ∙∙∙∙∙∙ ∙∙∙∙∙∙∙ ∙∙ ∙∙∙ ∙∙∙∙ ∙∙∙∙∙ ∙∙∙∙∙∙ ∙∙∙∙∙∙∙ ∙∙ ∙∙∙ ∙∙∙∙ ∙∙∙∙∙ ∙∙∙∙∙∙ ∙∙∙∙∙∙∙ ∙∙ ∙∙∙ ∙∙∙∙ ∙∙∙∙∙ ∙∙∙∙∙∙ ∙∙∙∙∙∙∙ ∙∙ ∙∙∙ ∙∙∙∙ ∙∙∙∙∙ ∙∙∙∙∙∙ ∙∙∙∙∙∙∙ ∙∙ ∙∙∙ ∙∙∙∙ ∙∙∙∙∙ ∙∙∙∙∙∙ ∙∙∙∙∙∙∙ ∙∙ ∙∙∙ ∙∙∙∙ ∙∙∙∙∙ ∙∙∙∙∙∙ ∙∙∙∙∙∙∙ ∙∙ ∙∙∙
COASTAL.
∙∙ ∙∙∙ ∙∙∙∙ ∙∙∙∙∙ ∙∙∙∙∙∙ ∙∙∙∙∙∙∙ ∙∙ ∙∙∙ ∙∙∙∙ ∙∙∙∙∙ ∙∙∙∙∙∙ ∙∙∙∙∙∙∙ ∙∙ ∙∙∙ ∙∙∙∙ ∙∙∙∙∙ ∙∙∙∙∙∙ ∙∙∙∙∙∙∙ ∙∙ ∙∙∙ ∙∙∙∙ ∙∙∙∙∙ ∙∙∙∙∙∙ ∙∙∙∙∙∙∙ ∙∙ ∙∙∙ ∙∙∙∙ ∙∙∙∙∙ ∙∙∙∙∙∙ ∙∙∙∙∙∙∙ ∙∙ ∙∙∙ ∙∙∙∙ ∙∙∙∙∙ ∙∙∙∙∙∙ ∙∙∙∙∙∙∙ ∙∙ ∙∙∙ ∙∙∙∙ ∙∙∙∙∙ ∙∙∙∙∙∙ ∙∙∙∙∙∙∙ ∙∙ ∙∙∙ ∙∙∙∙ ∙∙∙∙∙ ∙∙∙∙∙∙ ∙∙∙∙∙∙∙ ∙∙ ∙∙∙ ∙∙∙∙ ∙∙∙∙∙ ∙∙∙∙∙∙ ∙∙∙∙∙∙∙ ∙∙ ∙∙∙ ∙∙∙∙ ∙∙∙∙∙ ∙∙∙∙∙∙ ∙∙∙∙∙∙∙ ∙∙ ∙∙∙ ∙∙∙∙ ∙∙∙∙∙ ∙∙∙∙∙∙ ∙∙∙∙∙∙∙ ∙∙ ∙∙∙ ∙∙∙∙ ∙∙∙∙∙ ∙∙∙∙∙∙ ∙∙∙∙∙∙∙ ∙∙ ∙∙∙ ∙∙∙∙ ∙∙∙∙∙ ∙∙∙∙∙∙ ∙∙∙∙∙∙∙ ∙∙ ∙∙∙ ∙∙∙∙ ∙∙∙∙∙ ∙∙∙∙∙∙ ∙∙∙∙∙∙∙ ∙∙ ∙∙∙ ∙∙∙∙ ∙∙∙∙∙ ∙∙∙∙∙∙ ∙∙∙∙∙∙∙ ∙∙ ∙∙∙ ∙∙∙∙ ∙∙∙∙∙ ∙∙∙∙∙∙ ∙∙∙∙∙∙∙ ∙∙ ∙∙∙ ∙∙∙∙ ∙∙∙∙∙ ∙∙∙∙∙∙ ∙∙∙∙∙∙∙ ∙∙ ∙∙∙ ∙∙∙∙ ∙∙∙∙∙ ∙∙∙∙∙∙ ∙∙∙∙∙∙∙ ∙∙ ∙∙∙ ∙∙∙∙ ∙∙∙∙∙ ∙∙∙∙∙∙ ∙∙∙∙∙∙∙ ∙∙ ∙∙∙ ∙∙∙∙ ∙∙∙∙∙ ∙∙∙∙∙∙ ∙∙∙∙∙∙∙ ∙∙ ∙∙∙ ∙∙∙∙ ∙∙∙∙∙ ∙∙∙∙∙∙ ∙∙∙∙∙∙∙ ∙∙ ∙∙∙ ∙∙∙∙ ∙∙∙∙∙ ∙∙∙∙∙∙ ∙∙∙∙∙∙∙ ∙∙ ∙∙∙ ∙∙∙∙ ∙∙∙∙∙ ∙∙∙∙∙∙ ∙∙∙∙∙∙∙ ∙∙ ∙∙∙ ∙∙∙∙ ∙∙∙∙∙ ∙∙∙∙∙∙ ∙∙∙∙∙∙∙ ∙∙ ∙∙∙ ∙∙∙∙ ∙∙∙∙∙ ∙∙∙∙∙∙ ∙∙∙∙∙∙∙ ∙∙ ∙∙∙ ∙∙∙∙ ∙∙∙∙∙ ∙∙∙∙∙∙ ∙∙∙∙∙∙∙ ∙∙ ∙∙∙ ∙∙∙∙ ∙∙∙∙∙ ∙∙∙∙∙∙ ∙∙∙∙∙∙∙ ∙∙ ∙∙∙ ∙∙∙∙ ∙∙∙∙∙ ∙∙∙∙∙∙ ∙∙∙∙∙∙∙ ∙∙ ∙∙∙ ∙∙∙∙ ∙∙∙∙∙ ∙∙∙∙∙∙ ∙∙∙∙∙∙∙ ∙∙ ∙∙∙ ∙∙∙∙ ∙∙∙∙∙ ∙∙∙∙∙∙ ∙∙∙∙∙∙∙ ∙∙ ∙∙∙ ∙∙∙∙ ∙∙∙∙∙ ∙∙∙∙∙∙ ∙∙∙∙∙∙∙ ∙∙ ∙∙∙ ∙∙∙∙ ∙∙∙∙∙ ∙∙∙∙∙∙ ∙∙∙∙∙∙∙ ∙∙ ∙∙∙ ∙∙∙∙ ∙∙∙∙∙ ∙∙∙∙∙∙ ∙∙∙∙∙∙∙ ∙∙ ∙∙∙ ∙∙∙∙ ∙∙∙∙∙ ∙∙∙∙∙∙ ∙∙∙∙∙∙∙ ∙∙ ∙∙∙ ∙∙∙∙ ∙∙∙∙∙ ∙∙∙∙∙∙ ∙∙∙∙∙∙∙ ∙∙ ∙∙∙ ∙∙∙∙ ∙∙∙∙∙ ∙∙∙∙∙∙ ∙∙∙∙∙∙∙ ∙∙ ∙∙∙ ∙∙∙∙ ∙∙∙∙∙ ∙∙∙∙∙∙ ∙∙∙∙∙∙∙ ∙∙ ∙∙∙ ∙∙∙∙ ∙∙∙∙∙ ∙∙∙∙∙∙ ∙∙∙∙∙∙∙ ∙∙ ∙∙∙ ∙∙∙∙ ∙∙∙∙∙ ∙∙∙∙∙∙ ∙∙∙∙∙∙∙ ∙∙ ∙∙∙ ∙∙∙∙ ∙∙∙∙∙ ∙∙∙∙∙∙ ∙∙∙∙∙∙∙ ∙∙ ∙∙∙ ∙∙∙∙ ∙∙∙∙∙ ∙∙∙∙∙∙ ∙∙∙∙∙∙∙ ∙∙ ∙∙∙ ∙∙∙∙ ∙∙∙∙∙ ∙∙∙∙∙∙ ∙∙∙∙∙∙∙ ∙∙ ∙∙∙ ∙∙∙∙ ∙∙∙∙∙ ∙∙∙∙∙∙ ∙∙∙∙∙∙∙ ∙∙ ∙∙∙ ∙∙∙∙ ∙∙∙∙∙ ∙∙∙∙∙∙ ∙∙∙∙∙∙∙ ∙∙ ∙∙∙ ∙∙∙∙ ∙∙∙∙∙ ∙∙∙∙∙∙ ∙∙∙∙∙∙∙ ∙∙ ∙∙∙ ∙∙∙∙ ∙∙∙∙∙ ∙∙∙∙∙∙ ∙∙∙∙∙∙∙ ∙∙ ∙∙∙ ∙∙∙∙ ∙∙∙∙∙ ∙∙∙∙∙∙ ∙∙∙∙∙∙∙ ∙∙ ∙∙∙ ∙∙∙∙ ∙∙∙∙∙ ∙∙∙∙∙∙ ∙∙∙∙∙∙∙ ∙∙ ∙∙∙ ∙∙∙∙ ∙∙∙∙∙ ∙∙∙∙∙∙ ∙∙∙∙∙∙∙ ∙∙ ∙∙∙ ∙∙∙∙ ∙∙∙∙∙ ∙∙∙∙∙∙ ∙∙∙∙∙∙∙ ∙∙ ∙∙∙ ∙∙∙∙ ∙∙∙∙∙ ∙∙∙∙∙∙ ∙∙∙∙∙∙∙ ∙∙ ∙∙∙ ∙∙∙∙ ∙∙∙∙∙ ∙∙∙∙∙∙ ∙∙∙∙∙∙∙ ∙∙ ∙∙∙ ∙∙∙∙ ∙∙∙∙∙ ∙∙∙∙∙∙ ∙∙∙∙∙∙∙ ∙∙ ∙∙∙ ∙∙∙∙ ∙∙∙∙∙ ∙∙∙∙∙∙ ∙∙∙∙∙∙∙ ∙∙ ∙∙∙ ∙∙∙∙ ∙∙∙∙∙ ∙∙∙∙∙∙ ∙∙∙∙∙∙∙ ∙∙ ∙∙∙ ∙∙∙∙ ∙∙∙∙∙ ∙∙∙∙∙∙ ∙∙∙∙∙∙∙ ∙∙ ∙∙∙ ∙∙∙∙ ∙∙∙∙∙ ∙∙∙∙∙∙ ∙∙∙∙∙∙∙ ∙∙ ∙∙∙ ∙∙∙∙ ∙∙∙∙∙ ∙∙∙∙∙∙ ∙∙∙∙∙∙∙ ∙∙ ∙∙∙ ∙∙∙∙ ∙∙∙∙∙ ∙∙∙∙∙∙ ∙∙∙∙∙∙∙ ∙∙ ∙∙∙ ∙∙∙∙ ∙∙∙∙∙ ∙∙∙∙∙∙ ∙∙∙∙∙∙∙ ∙∙ ∙∙∙ ∙∙∙∙ ∙∙∙∙∙ ∙∙∙∙∙∙ ∙∙∙∙∙∙∙ ∙∙ ∙∙∙ ∙∙∙∙ ∙∙∙∙∙ ∙∙∙∙∙∙ ∙∙∙∙∙∙∙ ∙∙ ∙∙∙ ∙∙∙∙ ∙∙∙∙∙ ∙∙∙∙∙∙ ∙∙∙∙∙∙∙ ∙∙ ∙∙∙ ∙∙∙∙ ∙∙∙∙∙ ∙∙∙∙∙∙ ∙∙∙∙∙∙∙ ∙∙ ∙∙∙ ∙∙∙∙ ∙∙∙∙∙ ∙∙∙∙∙∙ ∙∙∙∙∙∙∙ ∙∙ ∙∙∙ ∙∙∙∙ ∙∙∙∙∙ ∙∙∙∙∙∙ ∙∙∙∙∙∙∙ ∙∙ ∙∙∙ ∙∙∙∙ ∙∙∙∙∙ ∙∙∙∙∙∙ ∙∙∙∙∙∙∙ ∙∙ ∙∙∙ ∙∙∙∙ ∙∙∙∙∙ ∙∙∙∙∙∙ ∙∙∙∙∙∙∙ ∙∙ ∙∙∙ ∙∙∙∙ ∙∙∙∙∙ ∙∙∙∙∙∙ ∙∙∙∙∙∙∙ ∙∙ ∙∙∙ ∙∙∙∙ ∙∙∙∙∙ ∙∙∙∙∙∙ ∙∙∙∙∙∙∙
THE OLAF WALLOOD.
∙∙ ∙∙∙ ∙∙∙∙ ∙∙∙∙∙ ∙∙∙∙∙∙ ∙∙∙∙∙∙∙ ∙∙ ∙∙∙ ∙∙∙∙ ∙∙∙∙∙ ∙∙∙∙∙∙ ∙∙∙∙∙∙∙ ∙∙ ∙∙∙ ∙∙∙∙ ∙∙∙∙∙ ∙∙∙∙∙∙ ∙∙∙∙∙∙∙ ∙∙ ∙∙∙ ∙∙∙∙ ∙∙∙∙∙ ∙∙∙∙∙∙ ∙∙∙∙∙∙∙ ∙∙ ∙∙∙ ∙∙∙∙ ∙∙∙∙∙ ∙∙∙∙∙∙ ∙∙∙∙∙∙∙ ∙∙ ∙∙∙ ∙∙∙∙ ∙∙∙∙∙ ∙∙∙∙∙∙ ∙∙∙∙∙∙∙ ∙∙ ∙∙∙ ∙∙∙∙ ∙∙∙∙∙
RIMUTAKA, AT MONTE VIDEO.
∙∙ ∙∙∙ ∙∙∙∙ ∙∙∙∙∙ ∙∙∙∙∙∙ ∙∙∙∙∙∙∙ ∙∙ ∙∙∙ ∙∙∙∙ ∙∙∙∙∙ ∙∙∙∙∙∙ ∙∙∙∙∙∙∙ ∙∙ ∙∙∙ ∙∙∙∙ ∙∙∙∙∙ ∙∙∙∙∙∙ ∙∙∙∙∙∙∙ ∙∙ ∙∙∙ ∙∙∙∙ ∙∙∙∙∙ ∙∙∙∙∙∙ ∙∙∙∙∙∙∙ ∙∙ ∙∙∙ ∙∙∙∙ ∙∙∙∙∙ ∙∙∙∙∙∙ ∙∙∙∙∙∙∙ ∙∙ ∙∙∙ ∙∙∙∙ ∙∙∙∙∙ ∙∙∙∙∙∙ ∙∙∙∙∙∙∙ ∙∙ ∙∙∙ ∙∙∙∙ ∙∙∙∙∙
WARRIMOO LEAVES SYDNEY.
∙∙ ∙∙∙ ∙∙∙∙ ∙∙∙∙∙ ∙∙∙∙∙∙ ∙∙∙∙∙∙∙ ∙∙ ∙∙∙ ∙∙∙∙ ∙∙∙∙∙ ∙∙∙∙∙∙ ∙∙∙∙∙∙∙ ∙∙ ∙∙∙ ∙∙∙∙ ∙∙∙∙∙ ∙∙∙∙∙∙ ∙∙∙∙∙∙∙ ∙∙ ∙∙∙ ∙∙∙∙ ∙∙∙∙∙ ∙∙∙∙∙∙ ∙∙∙∙∙∙∙ ∙∙ ∙∙∙ ∙∙∙∙ ∙∙∙∙∙ ∙∙∙∙∙∙ ∙∙∙∙∙∙∙ ∙∙ ∙∙∙ ∙∙∙∙ ∙∙∙∙∙ ∙∙∙∙∙∙ ∙∙∙∙∙∙∙ ∙∙ ∙∙∙ ∙∙∙∙ ∙∙∙∙∙ ∙∙∙∙∙∙ ∙∙∙∙∙∙∙ ∙∙ ∙∙∙ ∙∙∙∙ ∙∙∙∙∙ ∙∙∙∙∙∙ ∙∙∙∙∙∙∙ ∙∙ ∙∙∙ ∙∙∙∙ ∙∙∙∙∙ ∙∙∙∙∙∙ ∙∙∙∙∙∙∙ ∙∙ ∙∙∙ ∙∙∙∙ ∙∙∙∙∙ ∙∙∙∙∙∙ ∙∙∙∙∙∙∙ ∙∙ ∙∙∙ ∙∙∙∙ ∙∙∙∙∙ ∙∙∙∙∙∙ ∙∙∙∙∙∙∙ ∙∙ ∙∙∙ ∙∙∙∙ ∙∙∙∙∙
WAIWERA, FROM LONDON.
∙∙ ∙∙∙ ∙∙∙∙ ∙∙∙∙∙ ∙∙∙∙∙∙ ∙∙∙∙∙∙∙ ∙∙ ∙∙∙ ∙∙∙∙ ∙∙∙∙∙ ∙∙∙∙∙∙ ∙∙∙∙∙∙∙ ∙∙ ∙∙∙ ∙∙∙∙ ∙∙∙∙∙ ∙∙∙∙∙∙ ∙∙∙∙∙∙∙ ∙∙ ∙∙∙ ∙∙∙∙ ∙∙∙∙∙ ∙∙∙∙∙∙ ∙∙∙∙∙∙∙ ∙∙ ∙∙∙ ∙∙∙∙ ∙∙∙∙∙ ∙∙∙∙∙∙ ∙∙∙∙∙∙∙ ∙∙ ∙∙∙ ∙∙∙∙ ∙∙∙∙∙ ∙∙∙∙∙∙ ∙∙∙∙∙∙∙ ∙∙ ∙∙∙ ∙∙∙∙ ∙∙∙∙∙ ∙∙∙∙∙∙ ∙∙∙∙∙∙∙ ∙∙ ∙∙∙ ∙∙∙∙ ∙∙∙∙∙ ∙∙∙∙∙∙ ∙∙∙∙∙∙∙ ∙∙ ∙∙∙ ∙∙∙∙ ∙∙∙∙∙ ∙∙∙∙∙∙ ∙∙∙∙∙∙∙ ∙∙ ∙∙∙ ∙∙∙∙ ∙∙∙∙∙ ∙∙∙∙∙∙ ∙∙∙∙∙∙∙ ∙∙ ∙∙∙ ∙∙∙∙ ∙∙∙∙∙ ∙∙∙∙∙∙ ∙∙∙∙∙∙∙ ∙∙ ∙∙∙ ∙∙∙∙ ∙∙∙∙∙ ∙∙∙∙∙∙ ∙∙∙∙∙∙∙ ∙∙ ∙∙∙ ∙∙∙∙ ∙∙∙∙∙ ∙∙∙∙∙∙ ∙∙∙∙∙∙∙ ∙∙ ∙∙∙ ∙∙∙∙ ∙∙∙∙∙ ∙∙∙∙∙∙ ∙∙∙∙∙∙∙ ∙∙ ∙∙∙ ∙∙∙∙ ∙∙∙∙∙ ∙∙∙∙∙∙ ∙∙∙∙∙∙∙
OPAWA, FROM LONDON.
∙∙ ∙∙∙ ∙∙∙∙ ∙∙∙∙∙ ∙∙∙∙∙∙ ∙∙∙∙∙∙∙ ∙∙ ∙∙∙ ∙∙∙∙ ∙∙∙∙∙ ∙∙∙∙∙∙ ∙∙∙∙∙∙∙ ∙∙ ∙∙∙ ∙∙∙∙ ∙∙∙∙∙ ∙∙∙∙∙∙ ∙∙∙∙∙∙∙ ∙∙ ∙∙∙ ∙∙∙∙ ∙∙∙∙∙ ∙∙∙∙∙∙ ∙∙∙∙∙∙∙ ∙∙ ∙∙∙ ∙∙∙∙ ∙∙∙∙∙ ∙∙∙∙∙∙ ∙∙∙∙∙∙∙ ∙∙ ∙∙∙ ∙∙∙∙ ∙∙∙∙∙ ∙∙∙∙∙∙ ∙∙∙∙∙∙∙ ∙∙ ∙∙∙ ∙∙∙∙ ∙∙∙∙∙ ∙∙∙∙∙∙ ∙∙∙∙∙∙∙ ∙∙ ∙∙∙ ∙∙∙∙ ∙∙∙∙∙ ∙∙∙∙∙∙ ∙∙∙∙∙∙∙ ∙∙ ∙∙∙ ∙∙∙∙ ∙∙∙∙∙ ∙∙∙∙∙∙ ∙∙∙∙∙∙∙ ∙∙ ∙∙∙ ∙∙∙∙ ∙∙∙∙∙ ∙∙∙∙∙∙ ∙∙∙∙∙∙∙ ∙∙ ∙∙∙ ∙∙∙∙ ∙∙∙∙∙ ∙∙∙∙∙∙ ∙∙∙∙∙∙∙ ∙∙ ∙∙∙ ∙∙∙∙ ∙∙∙∙∙ ∙∙∙∙∙∙ ∙∙∙∙∙∙∙ ∙∙ ∙∙∙ ∙∙∙∙ ∙∙∙∙∙ ∙∙∙∙∙∙ ∙∙∙∙∙∙∙ ∙∙ ∙∙∙ ∙∙∙∙ ∙∙∙∙∙ ∙∙∙∙∙∙ ∙∙∙∙∙∙∙ ∙∙ ∙∙∙ ∙∙∙∙ ∙∙∙∙∙ ∙∙∙∙∙∙ ∙∙∙∙∙∙∙ ∙∙ ∙∙∙ ∙∙∙∙ ∙∙∙∙∙ ∙∙∙∙∙∙ ∙∙∙∙∙∙∙ ∙∙ ∙∙∙ ∙∙∙∙ ∙∙∙∙∙ ∙∙∙∙∙∙ ∙∙∙∙∙∙∙ ∙∙ ∙∙∙ ∙∙∙∙ ∙∙∙∙∙ ∙∙∙∙∙∙ ∙∙∙∙∙∙∙ ∙∙ ∙∙∙ ∙∙∙∙ ∙∙∙∙∙ ∙∙∙∙∙∙ ∙∙∙∙∙∙∙ ∙∙ ∙∙∙ ∙∙∙∙ ∙∙∙∙∙ ∙∙∙∙∙∙ ∙∙∙∙∙∙∙ ∙∙ ∙∙∙ ∙∙∙∙ ∙∙∙∙∙ ∙∙∙∙∙∙ ∙∙∙∙∙∙∙ ∙∙ ∙∙∙ ∙∙∙∙ ∙∙∙∙∙ ∙∙∙∙∙∙ ∙∙∙∙∙∙∙ ∙∙ ∙∙∙ ∙∙∙∙ ∙∙∙∙∙ ∙∙∙∙∙∙ ∙∙∙∙∙∙∙ ∙∙ ∙∙∙
DINNA' FORGET
That "Small Profits and Quick Returns" is a very old quotation in the soft goods trade, and one that is still adhered to at the only Corner where you can get
XMAS BARGAINS
IN TROUSERS,	IN SHIRTS,
IN MEN'S SUITS,	IN COLLARS,
IN BOYS' SUITS,	IN TIES,
IN KNICKERS,	IN UNDERVESTS,
IN TWEEDS,	IN UNDERPANTS,
IN SERGES,	IN HATS,
IN SUMMER VESTS,	IN STRAWS,
IN CRICKETING TROUSERS,	IN BRACES,
AT
The Union Clothing Company's Stores,
Cuba and Manners Streets.
EXCEPTIONAL OPPORTUNITY
TO
Furnish at Extraordinary Low Prices!
PROCURE SOME REAL BARGAINS!
This being the last month of the year, we are making a determined effort to make a good finish, and, notwithstanding the depression during part of the year, make this year's trading a record one. Am have decided to offer all our stock of Ironmongery—Bedsteads, Fenders, Sewing Machines, Carpets, Curtains, Furniture, Cutlery, Plated-ware, etc., at Greatly Reduced Prices for Cash. We have also reduced our prices of Building Material, Garden Tools, Fencing Wire, Guns, Washing Machines, Etc.
EVERY ARTICLE AT SPECIAL REDUCED PRICES.
Bedsteads and Cots.
1in. SINGLE BEDSTEAD—25s. Reduced 16s.
1in. HOSPITAL BED and MATTRESS—35s. Reduced 30s.
1in. BRASS RAIL BEDSTEAD—Single 33s.
1in. BRASS RAIL BEDSTEAD—Double, top massive, £3 2s. Reduced £3 10s.
2in. HEAVY BRASS MOUNTINGS—£3 2s., £3 5s., £3 15s.
2in. ITALIAN or PARISIAN—£3 10s., £4 10s., £5 10s.
CHILDREN'S COTS—Strong, 21s.
Furniture.
We can do you Real Good Value in DUCHESS CHESTS—From 35s. 6d.
DUCHESS CHESTS—Large and better, At 45s., 55s., 75s.
WARDROBES—£2 10s., £6 10s., £8 15s.
SIDEBOARDS—£2 10s., £4 10s., £8 15s., £9 10s.
WASHSTANDS—Tiled back, 16s. 6d., 25s., 45s.
HALLSTANDS, TABLES, Etc.—All at Reduced Prices.
CHESTERFIELD SUITES—All Reduced.
LEATHER SUITES—All Reduced.
BEDROOM SUITES—All Reduced.
LADIES' SECRETAIRES—All Reduced.
AUSTRIAN BENTWOOD CHAIRS—Embossed seats, 6s. 6d.
Sewing Machines.
Our New Century Sewing Machine we claim to be as good as any on the market; and if you are not sure you get them at almost half the time-payment price.
HAND MACHINE—As sold T.P. price £4 4s. Our Price £3 10s.
TREADLE MACHINE—As sold T.P. price £10 10s. Our Price £6 10s.
TREADLE—Dropbead, automatic lift, £11 15s., for £8 10s.
TREADLE—Cabinet, automatic lift, £13 10s., for £9 10s.
CABINET—Double door, pianola action, £14 10s., Now 8 10s.
Carpet Department.
Our splendid stock of First-class Carpets is offered during December at Bona Fide Bargain Prices.
AXMINSTER and BRUSSELS (Body and Border), AXMINSTER, BRUSSELS, and TAPESTRY SQUARES—Are Cheaper than any house in the City.
AXMINSTER BRUSSELS and TAPESTRY STAIR CARPETS—Any width, and colourings.
HEARTHRUGS—A great variety at Clearance Prices. In Axminster, mohair, grey goat, etc.
SLIP MATS—Mohair, Axminster, jute, etc., At Extraordinary Low Prices.
Linoleums.
All new, opened this week, splendid designs, in printed, various qualities.
INLAIDS—In superior qualities, At Clearance Prices.
PASSAGE LINOLEUMS and FLOORCLOTHS—All widths.
Lace Curtains.
We have just opened a splendid variety of REALLY GOOD CURTAINS—Clearance Prices 2s. 6d., 4s. 6d., 5s. 6d., 7s. 6d., 8s. 6d., 10s. 6d. pair.
Fancy Linens.
TRAY CLOTHS, RUNNERS, CUSHION COVERS, PILLOW CASES, BEDSPREADS, TABLE CENTRES—All at Clearance Prices.
WINDOW BLINDS, CORNICE POLES, STAIR RODS, BEDDING, PILLOWS—We can do specially well and Cheap.
GEORGE WINDER,
(WINDER'S CORNER),
Corner Cuba and Manners Streets.
"WHAT TO GIVE?" and
WHERE TO BUY?"
THESE are the two important problems which regularly crop up every Xmas. The first is difficult to solve among such a profusion of gift suggestions—the second is easier when one is acquainted with the BEAUTIFUL DINNER, GLASSWARE, AND OTHER HOME APPOINTMENTS found here.
Edward Anderson & Co., Ltd.,
CHINA AND GLASS MERCHANTS,
WILLIS STREET, WELLINGTON.
Established 50 Years.
XMAS, 1909.
CANTERBURY HAMS, 9½d.
NEW MUSCATELS.
NEW SPANISH MUSCATELS, 1s. 2d.
NEW RAISINS, 9d.
JORDAN ALMONDS, 2s. 6d.
NEW DESSERT FIGS, 8d.
NEW DATES, per lb., 4d.
NEW DATES, per lb., 2d.
WARDELL'S, Willis Street.
ZOTOS
THE
FOE OF SEASICKNESS.
AN EFFECTIVE YET HARMLESS REMEDY. CONTAINS NO INJURIOUS DRUGS AND NO BAD AFTER EFFECTS.
GLASS GLASS
We Specialise In
BRITISH PLATE AND SHEET GLASS, BEAUTIFUL NEW TINTS IN FLEMISH, CATHEDRAL, MUFFLED, AND OPALESCENT.
See the New "CAT'S EYE" and "ARCTIC" GLASSES
SMITH AND SMITH, LTD.,
OPPOSITE TOWN HALL.
